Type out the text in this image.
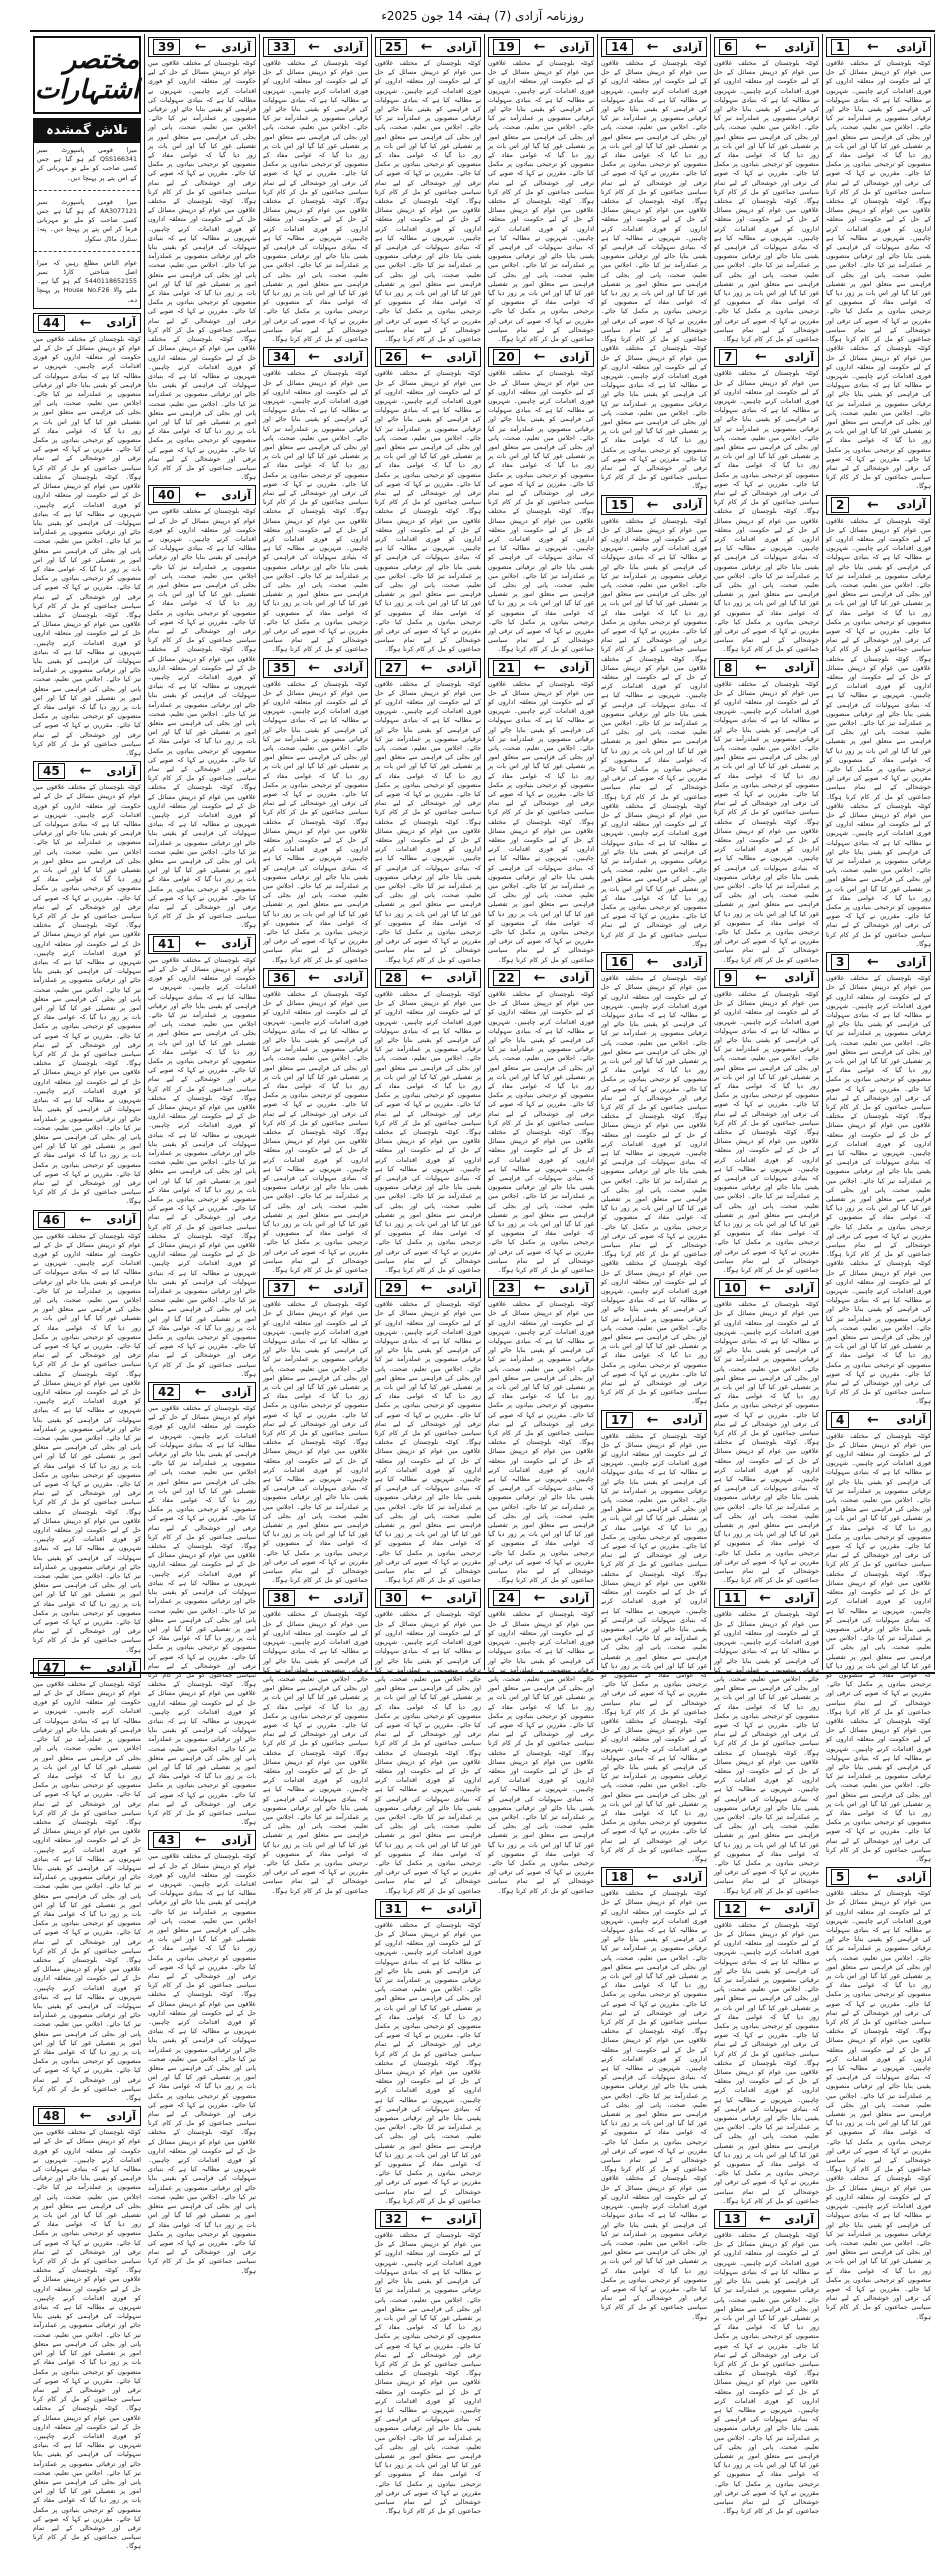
روزنامہ آزادی (7) ہفتہ 14 جون 2025ء
1	← آزادی
کوئٹہ بلوچستان کے مختلف علاقوں میں عوام کو درپیش مسائل کے حل کے لیے حکومت اور متعلقہ اداروں کو فوری اقدامات کرنے چاہییں۔ شہریوں نے مطالبہ کیا ہے کہ بنیادی سہولیات کی فراہمی کو یقینی بنایا جائے اور ترقیاتی منصوبوں پر عملدرآمد تیز کیا جائے۔ اجلاس میں تعلیم، صحت، پانی اور بجلی کی فراہمی سے متعلق امور پر تفصیلی غور کیا گیا اور اس بات پر زور دیا گیا کہ عوامی مفاد کے منصوبوں کو ترجیحی بنیادوں پر مکمل کیا جائے۔ مقررین نے کہا کہ صوبے کی ترقی اور خوشحالی کے لیے تمام سیاسی جماعتوں کو مل کر کام کرنا ہوگا۔ کوئٹہ بلوچستان کے مختلف علاقوں میں عوام کو درپیش مسائل کے حل کے لیے حکومت اور متعلقہ اداروں کو فوری اقدامات کرنے چاہییں۔ شہریوں نے مطالبہ کیا ہے کہ بنیادی سہولیات کی فراہمی کو یقینی بنایا جائے اور ترقیاتی منصوبوں پر عملدرآمد تیز کیا جائے۔ اجلاس میں تعلیم، صحت، پانی اور بجلی کی فراہمی سے متعلق امور پر تفصیلی غور کیا گیا اور اس بات پر زور دیا گیا کہ عوامی مفاد کے منصوبوں کو ترجیحی بنیادوں پر مکمل کیا جائے۔ مقررین نے کہا کہ صوبے کی ترقی اور خوشحالی کے لیے تمام سیاسی جماعتوں کو مل کر کام کرنا ہوگا۔ کوئٹہ بلوچستان کے مختلف علاقوں میں عوام کو درپیش مسائل کے حل کے لیے حکومت اور متعلقہ اداروں کو فوری اقدامات کرنے چاہییں۔ شہریوں نے مطالبہ کیا ہے کہ بنیادی سہولیات کی فراہمی کو یقینی بنایا جائے اور ترقیاتی منصوبوں پر عملدرآمد تیز کیا جائے۔ اجلاس میں تعلیم، صحت، پانی اور بجلی کی فراہمی سے متعلق امور پر تفصیلی غور کیا گیا اور اس بات پر زور دیا گیا کہ عوامی مفاد کے منصوبوں کو ترجیحی بنیادوں پر مکمل کیا جائے۔ مقررین نے کہا کہ صوبے کی ترقی اور خوشحالی کے لیے تمام سیاسی جماعتوں کو مل کر کام کرنا ہوگا۔
2	← آزادی
کوئٹہ بلوچستان کے مختلف علاقوں میں عوام کو درپیش مسائل کے حل کے لیے حکومت اور متعلقہ اداروں کو فوری اقدامات کرنے چاہییں۔ شہریوں نے مطالبہ کیا ہے کہ بنیادی سہولیات کی فراہمی کو یقینی بنایا جائے اور ترقیاتی منصوبوں پر عملدرآمد تیز کیا جائے۔ اجلاس میں تعلیم، صحت، پانی اور بجلی کی فراہمی سے متعلق امور پر تفصیلی غور کیا گیا اور اس بات پر زور دیا گیا کہ عوامی مفاد کے منصوبوں کو ترجیحی بنیادوں پر مکمل کیا جائے۔ مقررین نے کہا کہ صوبے کی ترقی اور خوشحالی کے لیے تمام سیاسی جماعتوں کو مل کر کام کرنا ہوگا۔ کوئٹہ بلوچستان کے مختلف علاقوں میں عوام کو درپیش مسائل کے حل کے لیے حکومت اور متعلقہ اداروں کو فوری اقدامات کرنے چاہییں۔ شہریوں نے مطالبہ کیا ہے کہ بنیادی سہولیات کی فراہمی کو یقینی بنایا جائے اور ترقیاتی منصوبوں پر عملدرآمد تیز کیا جائے۔ اجلاس میں تعلیم، صحت، پانی اور بجلی کی فراہمی سے متعلق امور پر تفصیلی غور کیا گیا اور اس بات پر زور دیا گیا کہ عوامی مفاد کے منصوبوں کو ترجیحی بنیادوں پر مکمل کیا جائے۔ مقررین نے کہا کہ صوبے کی ترقی اور خوشحالی کے لیے تمام سیاسی جماعتوں کو مل کر کام کرنا ہوگا۔ کوئٹہ بلوچستان کے مختلف علاقوں میں عوام کو درپیش مسائل کے حل کے لیے حکومت اور متعلقہ اداروں کو فوری اقدامات کرنے چاہییں۔ شہریوں نے مطالبہ کیا ہے کہ بنیادی سہولیات کی فراہمی کو یقینی بنایا جائے اور ترقیاتی منصوبوں پر عملدرآمد تیز کیا جائے۔ اجلاس میں تعلیم، صحت، پانی اور بجلی کی فراہمی سے متعلق امور پر تفصیلی غور کیا گیا اور اس بات پر زور دیا گیا کہ عوامی مفاد کے منصوبوں کو ترجیحی بنیادوں پر مکمل کیا جائے۔ مقررین نے کہا کہ صوبے کی ترقی اور خوشحالی کے لیے تمام سیاسی جماعتوں کو مل کر کام کرنا ہوگا۔
3	← آزادی
کوئٹہ بلوچستان کے مختلف علاقوں میں عوام کو درپیش مسائل کے حل کے لیے حکومت اور متعلقہ اداروں کو فوری اقدامات کرنے چاہییں۔ شہریوں نے مطالبہ کیا ہے کہ بنیادی سہولیات کی فراہمی کو یقینی بنایا جائے اور ترقیاتی منصوبوں پر عملدرآمد تیز کیا جائے۔ اجلاس میں تعلیم، صحت، پانی اور بجلی کی فراہمی سے متعلق امور پر تفصیلی غور کیا گیا اور اس بات پر زور دیا گیا کہ عوامی مفاد کے منصوبوں کو ترجیحی بنیادوں پر مکمل کیا جائے۔ مقررین نے کہا کہ صوبے کی ترقی اور خوشحالی کے لیے تمام سیاسی جماعتوں کو مل کر کام کرنا ہوگا۔ کوئٹہ بلوچستان کے مختلف علاقوں میں عوام کو درپیش مسائل کے حل کے لیے حکومت اور متعلقہ اداروں کو فوری اقدامات کرنے چاہییں۔ شہریوں نے مطالبہ کیا ہے کہ بنیادی سہولیات کی فراہمی کو یقینی بنایا جائے اور ترقیاتی منصوبوں پر عملدرآمد تیز کیا جائے۔ اجلاس میں تعلیم، صحت، پانی اور بجلی کی فراہمی سے متعلق امور پر تفصیلی غور کیا گیا اور اس بات پر زور دیا گیا کہ عوامی مفاد کے منصوبوں کو ترجیحی بنیادوں پر مکمل کیا جائے۔ مقررین نے کہا کہ صوبے کی ترقی اور خوشحالی کے لیے تمام سیاسی جماعتوں کو مل کر کام کرنا ہوگا۔ کوئٹہ بلوچستان کے مختلف علاقوں میں عوام کو درپیش مسائل کے حل کے لیے حکومت اور متعلقہ اداروں کو فوری اقدامات کرنے چاہییں۔ شہریوں نے مطالبہ کیا ہے کہ بنیادی سہولیات کی فراہمی کو یقینی بنایا جائے اور ترقیاتی منصوبوں پر عملدرآمد تیز کیا جائے۔ اجلاس میں تعلیم، صحت، پانی اور بجلی کی فراہمی سے متعلق امور پر تفصیلی غور کیا گیا اور اس بات پر زور دیا گیا کہ عوامی مفاد کے منصوبوں کو ترجیحی بنیادوں پر مکمل کیا جائے۔ مقررین نے کہا کہ صوبے کی ترقی اور خوشحالی کے لیے تمام سیاسی جماعتوں کو مل کر کام کرنا ہوگا۔
4	← آزادی
کوئٹہ بلوچستان کے مختلف علاقوں میں عوام کو درپیش مسائل کے حل کے لیے حکومت اور متعلقہ اداروں کو فوری اقدامات کرنے چاہییں۔ شہریوں نے مطالبہ کیا ہے کہ بنیادی سہولیات کی فراہمی کو یقینی بنایا جائے اور ترقیاتی منصوبوں پر عملدرآمد تیز کیا جائے۔ اجلاس میں تعلیم، صحت، پانی اور بجلی کی فراہمی سے متعلق امور پر تفصیلی غور کیا گیا اور اس بات پر زور دیا گیا کہ عوامی مفاد کے منصوبوں کو ترجیحی بنیادوں پر مکمل کیا جائے۔ مقررین نے کہا کہ صوبے کی ترقی اور خوشحالی کے لیے تمام سیاسی جماعتوں کو مل کر کام کرنا ہوگا۔ کوئٹہ بلوچستان کے مختلف علاقوں میں عوام کو درپیش مسائل کے حل کے لیے حکومت اور متعلقہ اداروں کو فوری اقدامات کرنے چاہییں۔ شہریوں نے مطالبہ کیا ہے کہ بنیادی سہولیات کی فراہمی کو یقینی بنایا جائے اور ترقیاتی منصوبوں پر عملدرآمد تیز کیا جائے۔ اجلاس میں تعلیم، صحت، پانی اور بجلی کی فراہمی سے متعلق امور پر تفصیلی غور کیا گیا اور اس بات پر زور دیا گیا کہ عوامی مفاد کے منصوبوں کو ترجیحی بنیادوں پر مکمل کیا جائے۔ مقررین نے کہا کہ صوبے کی ترقی اور خوشحالی کے لیے تمام سیاسی جماعتوں کو مل کر کام کرنا ہوگا۔ کوئٹہ بلوچستان کے مختلف علاقوں میں عوام کو درپیش مسائل کے حل کے لیے حکومت اور متعلقہ اداروں کو فوری اقدامات کرنے چاہییں۔ شہریوں نے مطالبہ کیا ہے کہ بنیادی سہولیات کی فراہمی کو یقینی بنایا جائے اور ترقیاتی منصوبوں پر عملدرآمد تیز کیا جائے۔ اجلاس میں تعلیم، صحت، پانی اور بجلی کی فراہمی سے متعلق امور پر تفصیلی غور کیا گیا اور اس بات پر زور دیا گیا کہ عوامی مفاد کے منصوبوں کو ترجیحی بنیادوں پر مکمل کیا جائے۔ مقررین نے کہا کہ صوبے کی ترقی اور خوشحالی کے لیے تمام سیاسی جماعتوں کو مل کر کام کرنا ہوگا۔
5	← آزادی
کوئٹہ بلوچستان کے مختلف علاقوں میں عوام کو درپیش مسائل کے حل کے لیے حکومت اور متعلقہ اداروں کو فوری اقدامات کرنے چاہییں۔ شہریوں نے مطالبہ کیا ہے کہ بنیادی سہولیات کی فراہمی کو یقینی بنایا جائے اور ترقیاتی منصوبوں پر عملدرآمد تیز کیا جائے۔ اجلاس میں تعلیم، صحت، پانی اور بجلی کی فراہمی سے متعلق امور پر تفصیلی غور کیا گیا اور اس بات پر زور دیا گیا کہ عوامی مفاد کے منصوبوں کو ترجیحی بنیادوں پر مکمل کیا جائے۔ مقررین نے کہا کہ صوبے کی ترقی اور خوشحالی کے لیے تمام سیاسی جماعتوں کو مل کر کام کرنا ہوگا۔ کوئٹہ بلوچستان کے مختلف علاقوں میں عوام کو درپیش مسائل کے حل کے لیے حکومت اور متعلقہ اداروں کو فوری اقدامات کرنے چاہییں۔ شہریوں نے مطالبہ کیا ہے کہ بنیادی سہولیات کی فراہمی کو یقینی بنایا جائے اور ترقیاتی منصوبوں پر عملدرآمد تیز کیا جائے۔ اجلاس میں تعلیم، صحت، پانی اور بجلی کی فراہمی سے متعلق امور پر تفصیلی غور کیا گیا اور اس بات پر زور دیا گیا کہ عوامی مفاد کے منصوبوں کو ترجیحی بنیادوں پر مکمل کیا جائے۔ مقررین نے کہا کہ صوبے کی ترقی اور خوشحالی کے لیے تمام سیاسی جماعتوں کو مل کر کام کرنا ہوگا۔ کوئٹہ بلوچستان کے مختلف علاقوں میں عوام کو درپیش مسائل کے حل کے لیے حکومت اور متعلقہ اداروں کو فوری اقدامات کرنے چاہییں۔ شہریوں نے مطالبہ کیا ہے کہ بنیادی سہولیات کی فراہمی کو یقینی بنایا جائے اور ترقیاتی منصوبوں پر عملدرآمد تیز کیا جائے۔ اجلاس میں تعلیم، صحت، پانی اور بجلی کی فراہمی سے متعلق امور پر تفصیلی غور کیا گیا اور اس بات پر زور دیا گیا کہ عوامی مفاد کے منصوبوں کو ترجیحی بنیادوں پر مکمل کیا جائے۔ مقررین نے کہا کہ صوبے کی ترقی اور خوشحالی کے لیے تمام سیاسی جماعتوں کو مل کر کام کرنا ہوگا۔
6	← آزادی
کوئٹہ بلوچستان کے مختلف علاقوں میں عوام کو درپیش مسائل کے حل کے لیے حکومت اور متعلقہ اداروں کو فوری اقدامات کرنے چاہییں۔ شہریوں نے مطالبہ کیا ہے کہ بنیادی سہولیات کی فراہمی کو یقینی بنایا جائے اور ترقیاتی منصوبوں پر عملدرآمد تیز کیا جائے۔ اجلاس میں تعلیم، صحت، پانی اور بجلی کی فراہمی سے متعلق امور پر تفصیلی غور کیا گیا اور اس بات پر زور دیا گیا کہ عوامی مفاد کے منصوبوں کو ترجیحی بنیادوں پر مکمل کیا جائے۔ مقررین نے کہا کہ صوبے کی ترقی اور خوشحالی کے لیے تمام سیاسی جماعتوں کو مل کر کام کرنا ہوگا۔ کوئٹہ بلوچستان کے مختلف علاقوں میں عوام کو درپیش مسائل کے حل کے لیے حکومت اور متعلقہ اداروں کو فوری اقدامات کرنے چاہییں۔ شہریوں نے مطالبہ کیا ہے کہ بنیادی سہولیات کی فراہمی کو یقینی بنایا جائے اور ترقیاتی منصوبوں پر عملدرآمد تیز کیا جائے۔ اجلاس میں تعلیم، صحت، پانی اور بجلی کی فراہمی سے متعلق امور پر تفصیلی غور کیا گیا اور اس بات پر زور دیا گیا کہ عوامی مفاد کے منصوبوں کو ترجیحی بنیادوں پر مکمل کیا جائے۔ مقررین نے کہا کہ صوبے کی ترقی اور خوشحالی کے لیے تمام سیاسی جماعتوں کو مل کر کام کرنا ہوگا۔
7	← آزادی
کوئٹہ بلوچستان کے مختلف علاقوں میں عوام کو درپیش مسائل کے حل کے لیے حکومت اور متعلقہ اداروں کو فوری اقدامات کرنے چاہییں۔ شہریوں نے مطالبہ کیا ہے کہ بنیادی سہولیات کی فراہمی کو یقینی بنایا جائے اور ترقیاتی منصوبوں پر عملدرآمد تیز کیا جائے۔ اجلاس میں تعلیم، صحت، پانی اور بجلی کی فراہمی سے متعلق امور پر تفصیلی غور کیا گیا اور اس بات پر زور دیا گیا کہ عوامی مفاد کے منصوبوں کو ترجیحی بنیادوں پر مکمل کیا جائے۔ مقررین نے کہا کہ صوبے کی ترقی اور خوشحالی کے لیے تمام سیاسی جماعتوں کو مل کر کام کرنا ہوگا۔ کوئٹہ بلوچستان کے مختلف علاقوں میں عوام کو درپیش مسائل کے حل کے لیے حکومت اور متعلقہ اداروں کو فوری اقدامات کرنے چاہییں۔ شہریوں نے مطالبہ کیا ہے کہ بنیادی سہولیات کی فراہمی کو یقینی بنایا جائے اور ترقیاتی منصوبوں پر عملدرآمد تیز کیا جائے۔ اجلاس میں تعلیم، صحت، پانی اور بجلی کی فراہمی سے متعلق امور پر تفصیلی غور کیا گیا اور اس بات پر زور دیا گیا کہ عوامی مفاد کے منصوبوں کو ترجیحی بنیادوں پر مکمل کیا جائے۔ مقررین نے کہا کہ صوبے کی ترقی اور خوشحالی کے لیے تمام سیاسی جماعتوں کو مل کر کام کرنا ہوگا۔
8	← آزادی
کوئٹہ بلوچستان کے مختلف علاقوں میں عوام کو درپیش مسائل کے حل کے لیے حکومت اور متعلقہ اداروں کو فوری اقدامات کرنے چاہییں۔ شہریوں نے مطالبہ کیا ہے کہ بنیادی سہولیات کی فراہمی کو یقینی بنایا جائے اور ترقیاتی منصوبوں پر عملدرآمد تیز کیا جائے۔ اجلاس میں تعلیم، صحت، پانی اور بجلی کی فراہمی سے متعلق امور پر تفصیلی غور کیا گیا اور اس بات پر زور دیا گیا کہ عوامی مفاد کے منصوبوں کو ترجیحی بنیادوں پر مکمل کیا جائے۔ مقررین نے کہا کہ صوبے کی ترقی اور خوشحالی کے لیے تمام سیاسی جماعتوں کو مل کر کام کرنا ہوگا۔ کوئٹہ بلوچستان کے مختلف علاقوں میں عوام کو درپیش مسائل کے حل کے لیے حکومت اور متعلقہ اداروں کو فوری اقدامات کرنے چاہییں۔ شہریوں نے مطالبہ کیا ہے کہ بنیادی سہولیات کی فراہمی کو یقینی بنایا جائے اور ترقیاتی منصوبوں پر عملدرآمد تیز کیا جائے۔ اجلاس میں تعلیم، صحت، پانی اور بجلی کی فراہمی سے متعلق امور پر تفصیلی غور کیا گیا اور اس بات پر زور دیا گیا کہ عوامی مفاد کے منصوبوں کو ترجیحی بنیادوں پر مکمل کیا جائے۔ مقررین نے کہا کہ صوبے کی ترقی اور خوشحالی کے لیے تمام سیاسی جماعتوں کو مل کر کام کرنا ہوگا۔
9	← آزادی
کوئٹہ بلوچستان کے مختلف علاقوں میں عوام کو درپیش مسائل کے حل کے لیے حکومت اور متعلقہ اداروں کو فوری اقدامات کرنے چاہییں۔ شہریوں نے مطالبہ کیا ہے کہ بنیادی سہولیات کی فراہمی کو یقینی بنایا جائے اور ترقیاتی منصوبوں پر عملدرآمد تیز کیا جائے۔ اجلاس میں تعلیم، صحت، پانی اور بجلی کی فراہمی سے متعلق امور پر تفصیلی غور کیا گیا اور اس بات پر زور دیا گیا کہ عوامی مفاد کے منصوبوں کو ترجیحی بنیادوں پر مکمل کیا جائے۔ مقررین نے کہا کہ صوبے کی ترقی اور خوشحالی کے لیے تمام سیاسی جماعتوں کو مل کر کام کرنا ہوگا۔ کوئٹہ بلوچستان کے مختلف علاقوں میں عوام کو درپیش مسائل کے حل کے لیے حکومت اور متعلقہ اداروں کو فوری اقدامات کرنے چاہییں۔ شہریوں نے مطالبہ کیا ہے کہ بنیادی سہولیات کی فراہمی کو یقینی بنایا جائے اور ترقیاتی منصوبوں پر عملدرآمد تیز کیا جائے۔ اجلاس میں تعلیم، صحت، پانی اور بجلی کی فراہمی سے متعلق امور پر تفصیلی غور کیا گیا اور اس بات پر زور دیا گیا کہ عوامی مفاد کے منصوبوں کو ترجیحی بنیادوں پر مکمل کیا جائے۔ مقررین نے کہا کہ صوبے کی ترقی اور خوشحالی کے لیے تمام سیاسی جماعتوں کو مل کر کام کرنا ہوگا۔
10	← آزادی
کوئٹہ بلوچستان کے مختلف علاقوں میں عوام کو درپیش مسائل کے حل کے لیے حکومت اور متعلقہ اداروں کو فوری اقدامات کرنے چاہییں۔ شہریوں نے مطالبہ کیا ہے کہ بنیادی سہولیات کی فراہمی کو یقینی بنایا جائے اور ترقیاتی منصوبوں پر عملدرآمد تیز کیا جائے۔ اجلاس میں تعلیم، صحت، پانی اور بجلی کی فراہمی سے متعلق امور پر تفصیلی غور کیا گیا اور اس بات پر زور دیا گیا کہ عوامی مفاد کے منصوبوں کو ترجیحی بنیادوں پر مکمل کیا جائے۔ مقررین نے کہا کہ صوبے کی ترقی اور خوشحالی کے لیے تمام سیاسی جماعتوں کو مل کر کام کرنا ہوگا۔ کوئٹہ بلوچستان کے مختلف علاقوں میں عوام کو درپیش مسائل کے حل کے لیے حکومت اور متعلقہ اداروں کو فوری اقدامات کرنے چاہییں۔ شہریوں نے مطالبہ کیا ہے کہ بنیادی سہولیات کی فراہمی کو یقینی بنایا جائے اور ترقیاتی منصوبوں پر عملدرآمد تیز کیا جائے۔ اجلاس میں تعلیم، صحت، پانی اور بجلی کی فراہمی سے متعلق امور پر تفصیلی غور کیا گیا اور اس بات پر زور دیا گیا کہ عوامی مفاد کے منصوبوں کو ترجیحی بنیادوں پر مکمل کیا جائے۔ مقررین نے کہا کہ صوبے کی ترقی اور خوشحالی کے لیے تمام سیاسی جماعتوں کو مل کر کام کرنا ہوگا۔
11	← آزادی
کوئٹہ بلوچستان کے مختلف علاقوں میں عوام کو درپیش مسائل کے حل کے لیے حکومت اور متعلقہ اداروں کو فوری اقدامات کرنے چاہییں۔ شہریوں نے مطالبہ کیا ہے کہ بنیادی سہولیات کی فراہمی کو یقینی بنایا جائے اور ترقیاتی منصوبوں پر عملدرآمد تیز کیا جائے۔ اجلاس میں تعلیم، صحت، پانی اور بجلی کی فراہمی سے متعلق امور پر تفصیلی غور کیا گیا اور اس بات پر زور دیا گیا کہ عوامی مفاد کے منصوبوں کو ترجیحی بنیادوں پر مکمل کیا جائے۔ مقررین نے کہا کہ صوبے کی ترقی اور خوشحالی کے لیے تمام سیاسی جماعتوں کو مل کر کام کرنا ہوگا۔ کوئٹہ بلوچستان کے مختلف علاقوں میں عوام کو درپیش مسائل کے حل کے لیے حکومت اور متعلقہ اداروں کو فوری اقدامات کرنے چاہییں۔ شہریوں نے مطالبہ کیا ہے کہ بنیادی سہولیات کی فراہمی کو یقینی بنایا جائے اور ترقیاتی منصوبوں پر عملدرآمد تیز کیا جائے۔ اجلاس میں تعلیم، صحت، پانی اور بجلی کی فراہمی سے متعلق امور پر تفصیلی غور کیا گیا اور اس بات پر زور دیا گیا کہ عوامی مفاد کے منصوبوں کو ترجیحی بنیادوں پر مکمل کیا جائے۔ مقررین نے کہا کہ صوبے کی ترقی اور خوشحالی کے لیے تمام سیاسی جماعتوں کو مل کر کام کرنا ہوگا۔
12	← آزادی
کوئٹہ بلوچستان کے مختلف علاقوں میں عوام کو درپیش مسائل کے حل کے لیے حکومت اور متعلقہ اداروں کو فوری اقدامات کرنے چاہییں۔ شہریوں نے مطالبہ کیا ہے کہ بنیادی سہولیات کی فراہمی کو یقینی بنایا جائے اور ترقیاتی منصوبوں پر عملدرآمد تیز کیا جائے۔ اجلاس میں تعلیم، صحت، پانی اور بجلی کی فراہمی سے متعلق امور پر تفصیلی غور کیا گیا اور اس بات پر زور دیا گیا کہ عوامی مفاد کے منصوبوں کو ترجیحی بنیادوں پر مکمل کیا جائے۔ مقررین نے کہا کہ صوبے کی ترقی اور خوشحالی کے لیے تمام سیاسی جماعتوں کو مل کر کام کرنا ہوگا۔ کوئٹہ بلوچستان کے مختلف علاقوں میں عوام کو درپیش مسائل کے حل کے لیے حکومت اور متعلقہ اداروں کو فوری اقدامات کرنے چاہییں۔ شہریوں نے مطالبہ کیا ہے کہ بنیادی سہولیات کی فراہمی کو یقینی بنایا جائے اور ترقیاتی منصوبوں پر عملدرآمد تیز کیا جائے۔ اجلاس میں تعلیم، صحت، پانی اور بجلی کی فراہمی سے متعلق امور پر تفصیلی غور کیا گیا اور اس بات پر زور دیا گیا کہ عوامی مفاد کے منصوبوں کو ترجیحی بنیادوں پر مکمل کیا جائے۔ مقررین نے کہا کہ صوبے کی ترقی اور خوشحالی کے لیے تمام سیاسی جماعتوں کو مل کر کام کرنا ہوگا۔
13	← آزادی
کوئٹہ بلوچستان کے مختلف علاقوں میں عوام کو درپیش مسائل کے حل کے لیے حکومت اور متعلقہ اداروں کو فوری اقدامات کرنے چاہییں۔ شہریوں نے مطالبہ کیا ہے کہ بنیادی سہولیات کی فراہمی کو یقینی بنایا جائے اور ترقیاتی منصوبوں پر عملدرآمد تیز کیا جائے۔ اجلاس میں تعلیم، صحت، پانی اور بجلی کی فراہمی سے متعلق امور پر تفصیلی غور کیا گیا اور اس بات پر زور دیا گیا کہ عوامی مفاد کے منصوبوں کو ترجیحی بنیادوں پر مکمل کیا جائے۔ مقررین نے کہا کہ صوبے کی ترقی اور خوشحالی کے لیے تمام سیاسی جماعتوں کو مل کر کام کرنا ہوگا۔ کوئٹہ بلوچستان کے مختلف علاقوں میں عوام کو درپیش مسائل کے حل کے لیے حکومت اور متعلقہ اداروں کو فوری اقدامات کرنے چاہییں۔ شہریوں نے مطالبہ کیا ہے کہ بنیادی سہولیات کی فراہمی کو یقینی بنایا جائے اور ترقیاتی منصوبوں پر عملدرآمد تیز کیا جائے۔ اجلاس میں تعلیم، صحت، پانی اور بجلی کی فراہمی سے متعلق امور پر تفصیلی غور کیا گیا اور اس بات پر زور دیا گیا کہ عوامی مفاد کے منصوبوں کو ترجیحی بنیادوں پر مکمل کیا جائے۔ مقررین نے کہا کہ صوبے کی ترقی اور خوشحالی کے لیے تمام سیاسی جماعتوں کو مل کر کام کرنا ہوگا۔
14	← آزادی
کوئٹہ بلوچستان کے مختلف علاقوں میں عوام کو درپیش مسائل کے حل کے لیے حکومت اور متعلقہ اداروں کو فوری اقدامات کرنے چاہییں۔ شہریوں نے مطالبہ کیا ہے کہ بنیادی سہولیات کی فراہمی کو یقینی بنایا جائے اور ترقیاتی منصوبوں پر عملدرآمد تیز کیا جائے۔ اجلاس میں تعلیم، صحت، پانی اور بجلی کی فراہمی سے متعلق امور پر تفصیلی غور کیا گیا اور اس بات پر زور دیا گیا کہ عوامی مفاد کے منصوبوں کو ترجیحی بنیادوں پر مکمل کیا جائے۔ مقررین نے کہا کہ صوبے کی ترقی اور خوشحالی کے لیے تمام سیاسی جماعتوں کو مل کر کام کرنا ہوگا۔ کوئٹہ بلوچستان کے مختلف علاقوں میں عوام کو درپیش مسائل کے حل کے لیے حکومت اور متعلقہ اداروں کو فوری اقدامات کرنے چاہییں۔ شہریوں نے مطالبہ کیا ہے کہ بنیادی سہولیات کی فراہمی کو یقینی بنایا جائے اور ترقیاتی منصوبوں پر عملدرآمد تیز کیا جائے۔ اجلاس میں تعلیم، صحت، پانی اور بجلی کی فراہمی سے متعلق امور پر تفصیلی غور کیا گیا اور اس بات پر زور دیا گیا کہ عوامی مفاد کے منصوبوں کو ترجیحی بنیادوں پر مکمل کیا جائے۔ مقررین نے کہا کہ صوبے کی ترقی اور خوشحالی کے لیے تمام سیاسی جماعتوں کو مل کر کام کرنا ہوگا۔ کوئٹہ بلوچستان کے مختلف علاقوں میں عوام کو درپیش مسائل کے حل کے لیے حکومت اور متعلقہ اداروں کو فوری اقدامات کرنے چاہییں۔ شہریوں نے مطالبہ کیا ہے کہ بنیادی سہولیات کی فراہمی کو یقینی بنایا جائے اور ترقیاتی منصوبوں پر عملدرآمد تیز کیا جائے۔ اجلاس میں تعلیم، صحت، پانی اور بجلی کی فراہمی سے متعلق امور پر تفصیلی غور کیا گیا اور اس بات پر زور دیا گیا کہ عوامی مفاد کے منصوبوں کو ترجیحی بنیادوں پر مکمل کیا جائے۔ مقررین نے کہا کہ صوبے کی ترقی اور خوشحالی کے لیے تمام سیاسی جماعتوں کو مل کر کام کرنا ہوگا۔
15	← آزادی
کوئٹہ بلوچستان کے مختلف علاقوں میں عوام کو درپیش مسائل کے حل کے لیے حکومت اور متعلقہ اداروں کو فوری اقدامات کرنے چاہییں۔ شہریوں نے مطالبہ کیا ہے کہ بنیادی سہولیات کی فراہمی کو یقینی بنایا جائے اور ترقیاتی منصوبوں پر عملدرآمد تیز کیا جائے۔ اجلاس میں تعلیم، صحت، پانی اور بجلی کی فراہمی سے متعلق امور پر تفصیلی غور کیا گیا اور اس بات پر زور دیا گیا کہ عوامی مفاد کے منصوبوں کو ترجیحی بنیادوں پر مکمل کیا جائے۔ مقررین نے کہا کہ صوبے کی ترقی اور خوشحالی کے لیے تمام سیاسی جماعتوں کو مل کر کام کرنا ہوگا۔ کوئٹہ بلوچستان کے مختلف علاقوں میں عوام کو درپیش مسائل کے حل کے لیے حکومت اور متعلقہ اداروں کو فوری اقدامات کرنے چاہییں۔ شہریوں نے مطالبہ کیا ہے کہ بنیادی سہولیات کی فراہمی کو یقینی بنایا جائے اور ترقیاتی منصوبوں پر عملدرآمد تیز کیا جائے۔ اجلاس میں تعلیم، صحت، پانی اور بجلی کی فراہمی سے متعلق امور پر تفصیلی غور کیا گیا اور اس بات پر زور دیا گیا کہ عوامی مفاد کے منصوبوں کو ترجیحی بنیادوں پر مکمل کیا جائے۔ مقررین نے کہا کہ صوبے کی ترقی اور خوشحالی کے لیے تمام سیاسی جماعتوں کو مل کر کام کرنا ہوگا۔ کوئٹہ بلوچستان کے مختلف علاقوں میں عوام کو درپیش مسائل کے حل کے لیے حکومت اور متعلقہ اداروں کو فوری اقدامات کرنے چاہییں۔ شہریوں نے مطالبہ کیا ہے کہ بنیادی سہولیات کی فراہمی کو یقینی بنایا جائے اور ترقیاتی منصوبوں پر عملدرآمد تیز کیا جائے۔ اجلاس میں تعلیم، صحت، پانی اور بجلی کی فراہمی سے متعلق امور پر تفصیلی غور کیا گیا اور اس بات پر زور دیا گیا کہ عوامی مفاد کے منصوبوں کو ترجیحی بنیادوں پر مکمل کیا جائے۔ مقررین نے کہا کہ صوبے کی ترقی اور خوشحالی کے لیے تمام سیاسی جماعتوں کو مل کر کام کرنا ہوگا۔
16	← آزادی
کوئٹہ بلوچستان کے مختلف علاقوں میں عوام کو درپیش مسائل کے حل کے لیے حکومت اور متعلقہ اداروں کو فوری اقدامات کرنے چاہییں۔ شہریوں نے مطالبہ کیا ہے کہ بنیادی سہولیات کی فراہمی کو یقینی بنایا جائے اور ترقیاتی منصوبوں پر عملدرآمد تیز کیا جائے۔ اجلاس میں تعلیم، صحت، پانی اور بجلی کی فراہمی سے متعلق امور پر تفصیلی غور کیا گیا اور اس بات پر زور دیا گیا کہ عوامی مفاد کے منصوبوں کو ترجیحی بنیادوں پر مکمل کیا جائے۔ مقررین نے کہا کہ صوبے کی ترقی اور خوشحالی کے لیے تمام سیاسی جماعتوں کو مل کر کام کرنا ہوگا۔ کوئٹہ بلوچستان کے مختلف علاقوں میں عوام کو درپیش مسائل کے حل کے لیے حکومت اور متعلقہ اداروں کو فوری اقدامات کرنے چاہییں۔ شہریوں نے مطالبہ کیا ہے کہ بنیادی سہولیات کی فراہمی کو یقینی بنایا جائے اور ترقیاتی منصوبوں پر عملدرآمد تیز کیا جائے۔ اجلاس میں تعلیم، صحت، پانی اور بجلی کی فراہمی سے متعلق امور پر تفصیلی غور کیا گیا اور اس بات پر زور دیا گیا کہ عوامی مفاد کے منصوبوں کو ترجیحی بنیادوں پر مکمل کیا جائے۔ مقررین نے کہا کہ صوبے کی ترقی اور خوشحالی کے لیے تمام سیاسی جماعتوں کو مل کر کام کرنا ہوگا۔ کوئٹہ بلوچستان کے مختلف علاقوں میں عوام کو درپیش مسائل کے حل کے لیے حکومت اور متعلقہ اداروں کو فوری اقدامات کرنے چاہییں۔ شہریوں نے مطالبہ کیا ہے کہ بنیادی سہولیات کی فراہمی کو یقینی بنایا جائے اور ترقیاتی منصوبوں پر عملدرآمد تیز کیا جائے۔ اجلاس میں تعلیم، صحت، پانی اور بجلی کی فراہمی سے متعلق امور پر تفصیلی غور کیا گیا اور اس بات پر زور دیا گیا کہ عوامی مفاد کے منصوبوں کو ترجیحی بنیادوں پر مکمل کیا جائے۔ مقررین نے کہا کہ صوبے کی ترقی اور خوشحالی کے لیے تمام سیاسی جماعتوں کو مل کر کام کرنا ہوگا۔
17	← آزادی
کوئٹہ بلوچستان کے مختلف علاقوں میں عوام کو درپیش مسائل کے حل کے لیے حکومت اور متعلقہ اداروں کو فوری اقدامات کرنے چاہییں۔ شہریوں نے مطالبہ کیا ہے کہ بنیادی سہولیات کی فراہمی کو یقینی بنایا جائے اور ترقیاتی منصوبوں پر عملدرآمد تیز کیا جائے۔ اجلاس میں تعلیم، صحت، پانی اور بجلی کی فراہمی سے متعلق امور پر تفصیلی غور کیا گیا اور اس بات پر زور دیا گیا کہ عوامی مفاد کے منصوبوں کو ترجیحی بنیادوں پر مکمل کیا جائے۔ مقررین نے کہا کہ صوبے کی ترقی اور خوشحالی کے لیے تمام سیاسی جماعتوں کو مل کر کام کرنا ہوگا۔ کوئٹہ بلوچستان کے مختلف علاقوں میں عوام کو درپیش مسائل کے حل کے لیے حکومت اور متعلقہ اداروں کو فوری اقدامات کرنے چاہییں۔ شہریوں نے مطالبہ کیا ہے کہ بنیادی سہولیات کی فراہمی کو یقینی بنایا جائے اور ترقیاتی منصوبوں پر عملدرآمد تیز کیا جائے۔ اجلاس میں تعلیم، صحت، پانی اور بجلی کی فراہمی سے متعلق امور پر تفصیلی غور کیا گیا اور اس بات پر زور دیا گیا کہ عوامی مفاد کے منصوبوں کو ترجیحی بنیادوں پر مکمل کیا جائے۔ مقررین نے کہا کہ صوبے کی ترقی اور خوشحالی کے لیے تمام سیاسی جماعتوں کو مل کر کام کرنا ہوگا۔ کوئٹہ بلوچستان کے مختلف علاقوں میں عوام کو درپیش مسائل کے حل کے لیے حکومت اور متعلقہ اداروں کو فوری اقدامات کرنے چاہییں۔ شہریوں نے مطالبہ کیا ہے کہ بنیادی سہولیات کی فراہمی کو یقینی بنایا جائے اور ترقیاتی منصوبوں پر عملدرآمد تیز کیا جائے۔ اجلاس میں تعلیم، صحت، پانی اور بجلی کی فراہمی سے متعلق امور پر تفصیلی غور کیا گیا اور اس بات پر زور دیا گیا کہ عوامی مفاد کے منصوبوں کو ترجیحی بنیادوں پر مکمل کیا جائے۔ مقررین نے کہا کہ صوبے کی ترقی اور خوشحالی کے لیے تمام سیاسی جماعتوں کو مل کر کام کرنا ہوگا۔
18	← آزادی
کوئٹہ بلوچستان کے مختلف علاقوں میں عوام کو درپیش مسائل کے حل کے لیے حکومت اور متعلقہ اداروں کو فوری اقدامات کرنے چاہییں۔ شہریوں نے مطالبہ کیا ہے کہ بنیادی سہولیات کی فراہمی کو یقینی بنایا جائے اور ترقیاتی منصوبوں پر عملدرآمد تیز کیا جائے۔ اجلاس میں تعلیم، صحت، پانی اور بجلی کی فراہمی سے متعلق امور پر تفصیلی غور کیا گیا اور اس بات پر زور دیا گیا کہ عوامی مفاد کے منصوبوں کو ترجیحی بنیادوں پر مکمل کیا جائے۔ مقررین نے کہا کہ صوبے کی ترقی اور خوشحالی کے لیے تمام سیاسی جماعتوں کو مل کر کام کرنا ہوگا۔ کوئٹہ بلوچستان کے مختلف علاقوں میں عوام کو درپیش مسائل کے حل کے لیے حکومت اور متعلقہ اداروں کو فوری اقدامات کرنے چاہییں۔ شہریوں نے مطالبہ کیا ہے کہ بنیادی سہولیات کی فراہمی کو یقینی بنایا جائے اور ترقیاتی منصوبوں پر عملدرآمد تیز کیا جائے۔ اجلاس میں تعلیم، صحت، پانی اور بجلی کی فراہمی سے متعلق امور پر تفصیلی غور کیا گیا اور اس بات پر زور دیا گیا کہ عوامی مفاد کے منصوبوں کو ترجیحی بنیادوں پر مکمل کیا جائے۔ مقررین نے کہا کہ صوبے کی ترقی اور خوشحالی کے لیے تمام سیاسی جماعتوں کو مل کر کام کرنا ہوگا۔ کوئٹہ بلوچستان کے مختلف علاقوں میں عوام کو درپیش مسائل کے حل کے لیے حکومت اور متعلقہ اداروں کو فوری اقدامات کرنے چاہییں۔ شہریوں نے مطالبہ کیا ہے کہ بنیادی سہولیات کی فراہمی کو یقینی بنایا جائے اور ترقیاتی منصوبوں پر عملدرآمد تیز کیا جائے۔ اجلاس میں تعلیم، صحت، پانی اور بجلی کی فراہمی سے متعلق امور پر تفصیلی غور کیا گیا اور اس بات پر زور دیا گیا کہ عوامی مفاد کے منصوبوں کو ترجیحی بنیادوں پر مکمل کیا جائے۔ مقررین نے کہا کہ صوبے کی ترقی اور خوشحالی کے لیے تمام سیاسی جماعتوں کو مل کر کام کرنا ہوگا۔
19	← آزادی
کوئٹہ بلوچستان کے مختلف علاقوں میں عوام کو درپیش مسائل کے حل کے لیے حکومت اور متعلقہ اداروں کو فوری اقدامات کرنے چاہییں۔ شہریوں نے مطالبہ کیا ہے کہ بنیادی سہولیات کی فراہمی کو یقینی بنایا جائے اور ترقیاتی منصوبوں پر عملدرآمد تیز کیا جائے۔ اجلاس میں تعلیم، صحت، پانی اور بجلی کی فراہمی سے متعلق امور پر تفصیلی غور کیا گیا اور اس بات پر زور دیا گیا کہ عوامی مفاد کے منصوبوں کو ترجیحی بنیادوں پر مکمل کیا جائے۔ مقررین نے کہا کہ صوبے کی ترقی اور خوشحالی کے لیے تمام سیاسی جماعتوں کو مل کر کام کرنا ہوگا۔ کوئٹہ بلوچستان کے مختلف علاقوں میں عوام کو درپیش مسائل کے حل کے لیے حکومت اور متعلقہ اداروں کو فوری اقدامات کرنے چاہییں۔ شہریوں نے مطالبہ کیا ہے کہ بنیادی سہولیات کی فراہمی کو یقینی بنایا جائے اور ترقیاتی منصوبوں پر عملدرآمد تیز کیا جائے۔ اجلاس میں تعلیم، صحت، پانی اور بجلی کی فراہمی سے متعلق امور پر تفصیلی غور کیا گیا اور اس بات پر زور دیا گیا کہ عوامی مفاد کے منصوبوں کو ترجیحی بنیادوں پر مکمل کیا جائے۔ مقررین نے کہا کہ صوبے کی ترقی اور خوشحالی کے لیے تمام سیاسی جماعتوں کو مل کر کام کرنا ہوگا۔
20	← آزادی
کوئٹہ بلوچستان کے مختلف علاقوں میں عوام کو درپیش مسائل کے حل کے لیے حکومت اور متعلقہ اداروں کو فوری اقدامات کرنے چاہییں۔ شہریوں نے مطالبہ کیا ہے کہ بنیادی سہولیات کی فراہمی کو یقینی بنایا جائے اور ترقیاتی منصوبوں پر عملدرآمد تیز کیا جائے۔ اجلاس میں تعلیم، صحت، پانی اور بجلی کی فراہمی سے متعلق امور پر تفصیلی غور کیا گیا اور اس بات پر زور دیا گیا کہ عوامی مفاد کے منصوبوں کو ترجیحی بنیادوں پر مکمل کیا جائے۔ مقررین نے کہا کہ صوبے کی ترقی اور خوشحالی کے لیے تمام سیاسی جماعتوں کو مل کر کام کرنا ہوگا۔ کوئٹہ بلوچستان کے مختلف علاقوں میں عوام کو درپیش مسائل کے حل کے لیے حکومت اور متعلقہ اداروں کو فوری اقدامات کرنے چاہییں۔ شہریوں نے مطالبہ کیا ہے کہ بنیادی سہولیات کی فراہمی کو یقینی بنایا جائے اور ترقیاتی منصوبوں پر عملدرآمد تیز کیا جائے۔ اجلاس میں تعلیم، صحت، پانی اور بجلی کی فراہمی سے متعلق امور پر تفصیلی غور کیا گیا اور اس بات پر زور دیا گیا کہ عوامی مفاد کے منصوبوں کو ترجیحی بنیادوں پر مکمل کیا جائے۔ مقررین نے کہا کہ صوبے کی ترقی اور خوشحالی کے لیے تمام سیاسی جماعتوں کو مل کر کام کرنا ہوگا۔
21	← آزادی
کوئٹہ بلوچستان کے مختلف علاقوں میں عوام کو درپیش مسائل کے حل کے لیے حکومت اور متعلقہ اداروں کو فوری اقدامات کرنے چاہییں۔ شہریوں نے مطالبہ کیا ہے کہ بنیادی سہولیات کی فراہمی کو یقینی بنایا جائے اور ترقیاتی منصوبوں پر عملدرآمد تیز کیا جائے۔ اجلاس میں تعلیم، صحت، پانی اور بجلی کی فراہمی سے متعلق امور پر تفصیلی غور کیا گیا اور اس بات پر زور دیا گیا کہ عوامی مفاد کے منصوبوں کو ترجیحی بنیادوں پر مکمل کیا جائے۔ مقررین نے کہا کہ صوبے کی ترقی اور خوشحالی کے لیے تمام سیاسی جماعتوں کو مل کر کام کرنا ہوگا۔ کوئٹہ بلوچستان کے مختلف علاقوں میں عوام کو درپیش مسائل کے حل کے لیے حکومت اور متعلقہ اداروں کو فوری اقدامات کرنے چاہییں۔ شہریوں نے مطالبہ کیا ہے کہ بنیادی سہولیات کی فراہمی کو یقینی بنایا جائے اور ترقیاتی منصوبوں پر عملدرآمد تیز کیا جائے۔ اجلاس میں تعلیم، صحت، پانی اور بجلی کی فراہمی سے متعلق امور پر تفصیلی غور کیا گیا اور اس بات پر زور دیا گیا کہ عوامی مفاد کے منصوبوں کو ترجیحی بنیادوں پر مکمل کیا جائے۔ مقررین نے کہا کہ صوبے کی ترقی اور خوشحالی کے لیے تمام سیاسی جماعتوں کو مل کر کام کرنا ہوگا۔
22	← آزادی
کوئٹہ بلوچستان کے مختلف علاقوں میں عوام کو درپیش مسائل کے حل کے لیے حکومت اور متعلقہ اداروں کو فوری اقدامات کرنے چاہییں۔ شہریوں نے مطالبہ کیا ہے کہ بنیادی سہولیات کی فراہمی کو یقینی بنایا جائے اور ترقیاتی منصوبوں پر عملدرآمد تیز کیا جائے۔ اجلاس میں تعلیم، صحت، پانی اور بجلی کی فراہمی سے متعلق امور پر تفصیلی غور کیا گیا اور اس بات پر زور دیا گیا کہ عوامی مفاد کے منصوبوں کو ترجیحی بنیادوں پر مکمل کیا جائے۔ مقررین نے کہا کہ صوبے کی ترقی اور خوشحالی کے لیے تمام سیاسی جماعتوں کو مل کر کام کرنا ہوگا۔ کوئٹہ بلوچستان کے مختلف علاقوں میں عوام کو درپیش مسائل کے حل کے لیے حکومت اور متعلقہ اداروں کو فوری اقدامات کرنے چاہییں۔ شہریوں نے مطالبہ کیا ہے کہ بنیادی سہولیات کی فراہمی کو یقینی بنایا جائے اور ترقیاتی منصوبوں پر عملدرآمد تیز کیا جائے۔ اجلاس میں تعلیم، صحت، پانی اور بجلی کی فراہمی سے متعلق امور پر تفصیلی غور کیا گیا اور اس بات پر زور دیا گیا کہ عوامی مفاد کے منصوبوں کو ترجیحی بنیادوں پر مکمل کیا جائے۔ مقررین نے کہا کہ صوبے کی ترقی اور خوشحالی کے لیے تمام سیاسی جماعتوں کو مل کر کام کرنا ہوگا۔
23	← آزادی
کوئٹہ بلوچستان کے مختلف علاقوں میں عوام کو درپیش مسائل کے حل کے لیے حکومت اور متعلقہ اداروں کو فوری اقدامات کرنے چاہییں۔ شہریوں نے مطالبہ کیا ہے کہ بنیادی سہولیات کی فراہمی کو یقینی بنایا جائے اور ترقیاتی منصوبوں پر عملدرآمد تیز کیا جائے۔ اجلاس میں تعلیم، صحت، پانی اور بجلی کی فراہمی سے متعلق امور پر تفصیلی غور کیا گیا اور اس بات پر زور دیا گیا کہ عوامی مفاد کے منصوبوں کو ترجیحی بنیادوں پر مکمل کیا جائے۔ مقررین نے کہا کہ صوبے کی ترقی اور خوشحالی کے لیے تمام سیاسی جماعتوں کو مل کر کام کرنا ہوگا۔ کوئٹہ بلوچستان کے مختلف علاقوں میں عوام کو درپیش مسائل کے حل کے لیے حکومت اور متعلقہ اداروں کو فوری اقدامات کرنے چاہییں۔ شہریوں نے مطالبہ کیا ہے کہ بنیادی سہولیات کی فراہمی کو یقینی بنایا جائے اور ترقیاتی منصوبوں پر عملدرآمد تیز کیا جائے۔ اجلاس میں تعلیم، صحت، پانی اور بجلی کی فراہمی سے متعلق امور پر تفصیلی غور کیا گیا اور اس بات پر زور دیا گیا کہ عوامی مفاد کے منصوبوں کو ترجیحی بنیادوں پر مکمل کیا جائے۔ مقررین نے کہا کہ صوبے کی ترقی اور خوشحالی کے لیے تمام سیاسی جماعتوں کو مل کر کام کرنا ہوگا۔
24	← آزادی
کوئٹہ بلوچستان کے مختلف علاقوں میں عوام کو درپیش مسائل کے حل کے لیے حکومت اور متعلقہ اداروں کو فوری اقدامات کرنے چاہییں۔ شہریوں نے مطالبہ کیا ہے کہ بنیادی سہولیات کی فراہمی کو یقینی بنایا جائے اور ترقیاتی منصوبوں پر عملدرآمد تیز کیا جائے۔ اجلاس میں تعلیم، صحت، پانی اور بجلی کی فراہمی سے متعلق امور پر تفصیلی غور کیا گیا اور اس بات پر زور دیا گیا کہ عوامی مفاد کے منصوبوں کو ترجیحی بنیادوں پر مکمل کیا جائے۔ مقررین نے کہا کہ صوبے کی ترقی اور خوشحالی کے لیے تمام سیاسی جماعتوں کو مل کر کام کرنا ہوگا۔ کوئٹہ بلوچستان کے مختلف علاقوں میں عوام کو درپیش مسائل کے حل کے لیے حکومت اور متعلقہ اداروں کو فوری اقدامات کرنے چاہییں۔ شہریوں نے مطالبہ کیا ہے کہ بنیادی سہولیات کی فراہمی کو یقینی بنایا جائے اور ترقیاتی منصوبوں پر عملدرآمد تیز کیا جائے۔ اجلاس میں تعلیم، صحت، پانی اور بجلی کی فراہمی سے متعلق امور پر تفصیلی غور کیا گیا اور اس بات پر زور دیا گیا کہ عوامی مفاد کے منصوبوں کو ترجیحی بنیادوں پر مکمل کیا جائے۔ مقررین نے کہا کہ صوبے کی ترقی اور خوشحالی کے لیے تمام سیاسی جماعتوں کو مل کر کام کرنا ہوگا۔
25	← آزادی
کوئٹہ بلوچستان کے مختلف علاقوں میں عوام کو درپیش مسائل کے حل کے لیے حکومت اور متعلقہ اداروں کو فوری اقدامات کرنے چاہییں۔ شہریوں نے مطالبہ کیا ہے کہ بنیادی سہولیات کی فراہمی کو یقینی بنایا جائے اور ترقیاتی منصوبوں پر عملدرآمد تیز کیا جائے۔ اجلاس میں تعلیم، صحت، پانی اور بجلی کی فراہمی سے متعلق امور پر تفصیلی غور کیا گیا اور اس بات پر زور دیا گیا کہ عوامی مفاد کے منصوبوں کو ترجیحی بنیادوں پر مکمل کیا جائے۔ مقررین نے کہا کہ صوبے کی ترقی اور خوشحالی کے لیے تمام سیاسی جماعتوں کو مل کر کام کرنا ہوگا۔ کوئٹہ بلوچستان کے مختلف علاقوں میں عوام کو درپیش مسائل کے حل کے لیے حکومت اور متعلقہ اداروں کو فوری اقدامات کرنے چاہییں۔ شہریوں نے مطالبہ کیا ہے کہ بنیادی سہولیات کی فراہمی کو یقینی بنایا جائے اور ترقیاتی منصوبوں پر عملدرآمد تیز کیا جائے۔ اجلاس میں تعلیم، صحت، پانی اور بجلی کی فراہمی سے متعلق امور پر تفصیلی غور کیا گیا اور اس بات پر زور دیا گیا کہ عوامی مفاد کے منصوبوں کو ترجیحی بنیادوں پر مکمل کیا جائے۔ مقررین نے کہا کہ صوبے کی ترقی اور خوشحالی کے لیے تمام سیاسی جماعتوں کو مل کر کام کرنا ہوگا۔
26	← آزادی
کوئٹہ بلوچستان کے مختلف علاقوں میں عوام کو درپیش مسائل کے حل کے لیے حکومت اور متعلقہ اداروں کو فوری اقدامات کرنے چاہییں۔ شہریوں نے مطالبہ کیا ہے کہ بنیادی سہولیات کی فراہمی کو یقینی بنایا جائے اور ترقیاتی منصوبوں پر عملدرآمد تیز کیا جائے۔ اجلاس میں تعلیم، صحت، پانی اور بجلی کی فراہمی سے متعلق امور پر تفصیلی غور کیا گیا اور اس بات پر زور دیا گیا کہ عوامی مفاد کے منصوبوں کو ترجیحی بنیادوں پر مکمل کیا جائے۔ مقررین نے کہا کہ صوبے کی ترقی اور خوشحالی کے لیے تمام سیاسی جماعتوں کو مل کر کام کرنا ہوگا۔ کوئٹہ بلوچستان کے مختلف علاقوں میں عوام کو درپیش مسائل کے حل کے لیے حکومت اور متعلقہ اداروں کو فوری اقدامات کرنے چاہییں۔ شہریوں نے مطالبہ کیا ہے کہ بنیادی سہولیات کی فراہمی کو یقینی بنایا جائے اور ترقیاتی منصوبوں پر عملدرآمد تیز کیا جائے۔ اجلاس میں تعلیم، صحت، پانی اور بجلی کی فراہمی سے متعلق امور پر تفصیلی غور کیا گیا اور اس بات پر زور دیا گیا کہ عوامی مفاد کے منصوبوں کو ترجیحی بنیادوں پر مکمل کیا جائے۔ مقررین نے کہا کہ صوبے کی ترقی اور خوشحالی کے لیے تمام سیاسی جماعتوں کو مل کر کام کرنا ہوگا۔
27	← آزادی
کوئٹہ بلوچستان کے مختلف علاقوں میں عوام کو درپیش مسائل کے حل کے لیے حکومت اور متعلقہ اداروں کو فوری اقدامات کرنے چاہییں۔ شہریوں نے مطالبہ کیا ہے کہ بنیادی سہولیات کی فراہمی کو یقینی بنایا جائے اور ترقیاتی منصوبوں پر عملدرآمد تیز کیا جائے۔ اجلاس میں تعلیم، صحت، پانی اور بجلی کی فراہمی سے متعلق امور پر تفصیلی غور کیا گیا اور اس بات پر زور دیا گیا کہ عوامی مفاد کے منصوبوں کو ترجیحی بنیادوں پر مکمل کیا جائے۔ مقررین نے کہا کہ صوبے کی ترقی اور خوشحالی کے لیے تمام سیاسی جماعتوں کو مل کر کام کرنا ہوگا۔ کوئٹہ بلوچستان کے مختلف علاقوں میں عوام کو درپیش مسائل کے حل کے لیے حکومت اور متعلقہ اداروں کو فوری اقدامات کرنے چاہییں۔ شہریوں نے مطالبہ کیا ہے کہ بنیادی سہولیات کی فراہمی کو یقینی بنایا جائے اور ترقیاتی منصوبوں پر عملدرآمد تیز کیا جائے۔ اجلاس میں تعلیم، صحت، پانی اور بجلی کی فراہمی سے متعلق امور پر تفصیلی غور کیا گیا اور اس بات پر زور دیا گیا کہ عوامی مفاد کے منصوبوں کو ترجیحی بنیادوں پر مکمل کیا جائے۔ مقررین نے کہا کہ صوبے کی ترقی اور خوشحالی کے لیے تمام سیاسی جماعتوں کو مل کر کام کرنا ہوگا۔
28	← آزادی
کوئٹہ بلوچستان کے مختلف علاقوں میں عوام کو درپیش مسائل کے حل کے لیے حکومت اور متعلقہ اداروں کو فوری اقدامات کرنے چاہییں۔ شہریوں نے مطالبہ کیا ہے کہ بنیادی سہولیات کی فراہمی کو یقینی بنایا جائے اور ترقیاتی منصوبوں پر عملدرآمد تیز کیا جائے۔ اجلاس میں تعلیم، صحت، پانی اور بجلی کی فراہمی سے متعلق امور پر تفصیلی غور کیا گیا اور اس بات پر زور دیا گیا کہ عوامی مفاد کے منصوبوں کو ترجیحی بنیادوں پر مکمل کیا جائے۔ مقررین نے کہا کہ صوبے کی ترقی اور خوشحالی کے لیے تمام سیاسی جماعتوں کو مل کر کام کرنا ہوگا۔ کوئٹہ بلوچستان کے مختلف علاقوں میں عوام کو درپیش مسائل کے حل کے لیے حکومت اور متعلقہ اداروں کو فوری اقدامات کرنے چاہییں۔ شہریوں نے مطالبہ کیا ہے کہ بنیادی سہولیات کی فراہمی کو یقینی بنایا جائے اور ترقیاتی منصوبوں پر عملدرآمد تیز کیا جائے۔ اجلاس میں تعلیم، صحت، پانی اور بجلی کی فراہمی سے متعلق امور پر تفصیلی غور کیا گیا اور اس بات پر زور دیا گیا کہ عوامی مفاد کے منصوبوں کو ترجیحی بنیادوں پر مکمل کیا جائے۔ مقررین نے کہا کہ صوبے کی ترقی اور خوشحالی کے لیے تمام سیاسی جماعتوں کو مل کر کام کرنا ہوگا۔
29	← آزادی
کوئٹہ بلوچستان کے مختلف علاقوں میں عوام کو درپیش مسائل کے حل کے لیے حکومت اور متعلقہ اداروں کو فوری اقدامات کرنے چاہییں۔ شہریوں نے مطالبہ کیا ہے کہ بنیادی سہولیات کی فراہمی کو یقینی بنایا جائے اور ترقیاتی منصوبوں پر عملدرآمد تیز کیا جائے۔ اجلاس میں تعلیم، صحت، پانی اور بجلی کی فراہمی سے متعلق امور پر تفصیلی غور کیا گیا اور اس بات پر زور دیا گیا کہ عوامی مفاد کے منصوبوں کو ترجیحی بنیادوں پر مکمل کیا جائے۔ مقررین نے کہا کہ صوبے کی ترقی اور خوشحالی کے لیے تمام سیاسی جماعتوں کو مل کر کام کرنا ہوگا۔ کوئٹہ بلوچستان کے مختلف علاقوں میں عوام کو درپیش مسائل کے حل کے لیے حکومت اور متعلقہ اداروں کو فوری اقدامات کرنے چاہییں۔ شہریوں نے مطالبہ کیا ہے کہ بنیادی سہولیات کی فراہمی کو یقینی بنایا جائے اور ترقیاتی منصوبوں پر عملدرآمد تیز کیا جائے۔ اجلاس میں تعلیم، صحت، پانی اور بجلی کی فراہمی سے متعلق امور پر تفصیلی غور کیا گیا اور اس بات پر زور دیا گیا کہ عوامی مفاد کے منصوبوں کو ترجیحی بنیادوں پر مکمل کیا جائے۔ مقررین نے کہا کہ صوبے کی ترقی اور خوشحالی کے لیے تمام سیاسی جماعتوں کو مل کر کام کرنا ہوگا۔
30	← آزادی
کوئٹہ بلوچستان کے مختلف علاقوں میں عوام کو درپیش مسائل کے حل کے لیے حکومت اور متعلقہ اداروں کو فوری اقدامات کرنے چاہییں۔ شہریوں نے مطالبہ کیا ہے کہ بنیادی سہولیات کی فراہمی کو یقینی بنایا جائے اور ترقیاتی منصوبوں پر عملدرآمد تیز کیا جائے۔ اجلاس میں تعلیم، صحت، پانی اور بجلی کی فراہمی سے متعلق امور پر تفصیلی غور کیا گیا اور اس بات پر زور دیا گیا کہ عوامی مفاد کے منصوبوں کو ترجیحی بنیادوں پر مکمل کیا جائے۔ مقررین نے کہا کہ صوبے کی ترقی اور خوشحالی کے لیے تمام سیاسی جماعتوں کو مل کر کام کرنا ہوگا۔ کوئٹہ بلوچستان کے مختلف علاقوں میں عوام کو درپیش مسائل کے حل کے لیے حکومت اور متعلقہ اداروں کو فوری اقدامات کرنے چاہییں۔ شہریوں نے مطالبہ کیا ہے کہ بنیادی سہولیات کی فراہمی کو یقینی بنایا جائے اور ترقیاتی منصوبوں پر عملدرآمد تیز کیا جائے۔ اجلاس میں تعلیم، صحت، پانی اور بجلی کی فراہمی سے متعلق امور پر تفصیلی غور کیا گیا اور اس بات پر زور دیا گیا کہ عوامی مفاد کے منصوبوں کو ترجیحی بنیادوں پر مکمل کیا جائے۔ مقررین نے کہا کہ صوبے کی ترقی اور خوشحالی کے لیے تمام سیاسی جماعتوں کو مل کر کام کرنا ہوگا۔
31	← آزادی
کوئٹہ بلوچستان کے مختلف علاقوں میں عوام کو درپیش مسائل کے حل کے لیے حکومت اور متعلقہ اداروں کو فوری اقدامات کرنے چاہییں۔ شہریوں نے مطالبہ کیا ہے کہ بنیادی سہولیات کی فراہمی کو یقینی بنایا جائے اور ترقیاتی منصوبوں پر عملدرآمد تیز کیا جائے۔ اجلاس میں تعلیم، صحت، پانی اور بجلی کی فراہمی سے متعلق امور پر تفصیلی غور کیا گیا اور اس بات پر زور دیا گیا کہ عوامی مفاد کے منصوبوں کو ترجیحی بنیادوں پر مکمل کیا جائے۔ مقررین نے کہا کہ صوبے کی ترقی اور خوشحالی کے لیے تمام سیاسی جماعتوں کو مل کر کام کرنا ہوگا۔ کوئٹہ بلوچستان کے مختلف علاقوں میں عوام کو درپیش مسائل کے حل کے لیے حکومت اور متعلقہ اداروں کو فوری اقدامات کرنے چاہییں۔ شہریوں نے مطالبہ کیا ہے کہ بنیادی سہولیات کی فراہمی کو یقینی بنایا جائے اور ترقیاتی منصوبوں پر عملدرآمد تیز کیا جائے۔ اجلاس میں تعلیم، صحت، پانی اور بجلی کی فراہمی سے متعلق امور پر تفصیلی غور کیا گیا اور اس بات پر زور دیا گیا کہ عوامی مفاد کے منصوبوں کو ترجیحی بنیادوں پر مکمل کیا جائے۔ مقررین نے کہا کہ صوبے کی ترقی اور خوشحالی کے لیے تمام سیاسی جماعتوں کو مل کر کام کرنا ہوگا۔
32	← آزادی
کوئٹہ بلوچستان کے مختلف علاقوں میں عوام کو درپیش مسائل کے حل کے لیے حکومت اور متعلقہ اداروں کو فوری اقدامات کرنے چاہییں۔ شہریوں نے مطالبہ کیا ہے کہ بنیادی سہولیات کی فراہمی کو یقینی بنایا جائے اور ترقیاتی منصوبوں پر عملدرآمد تیز کیا جائے۔ اجلاس میں تعلیم، صحت، پانی اور بجلی کی فراہمی سے متعلق امور پر تفصیلی غور کیا گیا اور اس بات پر زور دیا گیا کہ عوامی مفاد کے منصوبوں کو ترجیحی بنیادوں پر مکمل کیا جائے۔ مقررین نے کہا کہ صوبے کی ترقی اور خوشحالی کے لیے تمام سیاسی جماعتوں کو مل کر کام کرنا ہوگا۔ کوئٹہ بلوچستان کے مختلف علاقوں میں عوام کو درپیش مسائل کے حل کے لیے حکومت اور متعلقہ اداروں کو فوری اقدامات کرنے چاہییں۔ شہریوں نے مطالبہ کیا ہے کہ بنیادی سہولیات کی فراہمی کو یقینی بنایا جائے اور ترقیاتی منصوبوں پر عملدرآمد تیز کیا جائے۔ اجلاس میں تعلیم، صحت، پانی اور بجلی کی فراہمی سے متعلق امور پر تفصیلی غور کیا گیا اور اس بات پر زور دیا گیا کہ عوامی مفاد کے منصوبوں کو ترجیحی بنیادوں پر مکمل کیا جائے۔ مقررین نے کہا کہ صوبے کی ترقی اور خوشحالی کے لیے تمام سیاسی جماعتوں کو مل کر کام کرنا ہوگا۔
33	← آزادی
کوئٹہ بلوچستان کے مختلف علاقوں میں عوام کو درپیش مسائل کے حل کے لیے حکومت اور متعلقہ اداروں کو فوری اقدامات کرنے چاہییں۔ شہریوں نے مطالبہ کیا ہے کہ بنیادی سہولیات کی فراہمی کو یقینی بنایا جائے اور ترقیاتی منصوبوں پر عملدرآمد تیز کیا جائے۔ اجلاس میں تعلیم، صحت، پانی اور بجلی کی فراہمی سے متعلق امور پر تفصیلی غور کیا گیا اور اس بات پر زور دیا گیا کہ عوامی مفاد کے منصوبوں کو ترجیحی بنیادوں پر مکمل کیا جائے۔ مقررین نے کہا کہ صوبے کی ترقی اور خوشحالی کے لیے تمام سیاسی جماعتوں کو مل کر کام کرنا ہوگا۔ کوئٹہ بلوچستان کے مختلف علاقوں میں عوام کو درپیش مسائل کے حل کے لیے حکومت اور متعلقہ اداروں کو فوری اقدامات کرنے چاہییں۔ شہریوں نے مطالبہ کیا ہے کہ بنیادی سہولیات کی فراہمی کو یقینی بنایا جائے اور ترقیاتی منصوبوں پر عملدرآمد تیز کیا جائے۔ اجلاس میں تعلیم، صحت، پانی اور بجلی کی فراہمی سے متعلق امور پر تفصیلی غور کیا گیا اور اس بات پر زور دیا گیا کہ عوامی مفاد کے منصوبوں کو ترجیحی بنیادوں پر مکمل کیا جائے۔ مقررین نے کہا کہ صوبے کی ترقی اور خوشحالی کے لیے تمام سیاسی جماعتوں کو مل کر کام کرنا ہوگا۔
34	← آزادی
کوئٹہ بلوچستان کے مختلف علاقوں میں عوام کو درپیش مسائل کے حل کے لیے حکومت اور متعلقہ اداروں کو فوری اقدامات کرنے چاہییں۔ شہریوں نے مطالبہ کیا ہے کہ بنیادی سہولیات کی فراہمی کو یقینی بنایا جائے اور ترقیاتی منصوبوں پر عملدرآمد تیز کیا جائے۔ اجلاس میں تعلیم، صحت، پانی اور بجلی کی فراہمی سے متعلق امور پر تفصیلی غور کیا گیا اور اس بات پر زور دیا گیا کہ عوامی مفاد کے منصوبوں کو ترجیحی بنیادوں پر مکمل کیا جائے۔ مقررین نے کہا کہ صوبے کی ترقی اور خوشحالی کے لیے تمام سیاسی جماعتوں کو مل کر کام کرنا ہوگا۔ کوئٹہ بلوچستان کے مختلف علاقوں میں عوام کو درپیش مسائل کے حل کے لیے حکومت اور متعلقہ اداروں کو فوری اقدامات کرنے چاہییں۔ شہریوں نے مطالبہ کیا ہے کہ بنیادی سہولیات کی فراہمی کو یقینی بنایا جائے اور ترقیاتی منصوبوں پر عملدرآمد تیز کیا جائے۔ اجلاس میں تعلیم، صحت، پانی اور بجلی کی فراہمی سے متعلق امور پر تفصیلی غور کیا گیا اور اس بات پر زور دیا گیا کہ عوامی مفاد کے منصوبوں کو ترجیحی بنیادوں پر مکمل کیا جائے۔ مقررین نے کہا کہ صوبے کی ترقی اور خوشحالی کے لیے تمام سیاسی جماعتوں کو مل کر کام کرنا ہوگا۔
35	← آزادی
کوئٹہ بلوچستان کے مختلف علاقوں میں عوام کو درپیش مسائل کے حل کے لیے حکومت اور متعلقہ اداروں کو فوری اقدامات کرنے چاہییں۔ شہریوں نے مطالبہ کیا ہے کہ بنیادی سہولیات کی فراہمی کو یقینی بنایا جائے اور ترقیاتی منصوبوں پر عملدرآمد تیز کیا جائے۔ اجلاس میں تعلیم، صحت، پانی اور بجلی کی فراہمی سے متعلق امور پر تفصیلی غور کیا گیا اور اس بات پر زور دیا گیا کہ عوامی مفاد کے منصوبوں کو ترجیحی بنیادوں پر مکمل کیا جائے۔ مقررین نے کہا کہ صوبے کی ترقی اور خوشحالی کے لیے تمام سیاسی جماعتوں کو مل کر کام کرنا ہوگا۔ کوئٹہ بلوچستان کے مختلف علاقوں میں عوام کو درپیش مسائل کے حل کے لیے حکومت اور متعلقہ اداروں کو فوری اقدامات کرنے چاہییں۔ شہریوں نے مطالبہ کیا ہے کہ بنیادی سہولیات کی فراہمی کو یقینی بنایا جائے اور ترقیاتی منصوبوں پر عملدرآمد تیز کیا جائے۔ اجلاس میں تعلیم، صحت، پانی اور بجلی کی فراہمی سے متعلق امور پر تفصیلی غور کیا گیا اور اس بات پر زور دیا گیا کہ عوامی مفاد کے منصوبوں کو ترجیحی بنیادوں پر مکمل کیا جائے۔ مقررین نے کہا کہ صوبے کی ترقی اور خوشحالی کے لیے تمام سیاسی جماعتوں کو مل کر کام کرنا ہوگا۔
36	← آزادی
کوئٹہ بلوچستان کے مختلف علاقوں میں عوام کو درپیش مسائل کے حل کے لیے حکومت اور متعلقہ اداروں کو فوری اقدامات کرنے چاہییں۔ شہریوں نے مطالبہ کیا ہے کہ بنیادی سہولیات کی فراہمی کو یقینی بنایا جائے اور ترقیاتی منصوبوں پر عملدرآمد تیز کیا جائے۔ اجلاس میں تعلیم، صحت، پانی اور بجلی کی فراہمی سے متعلق امور پر تفصیلی غور کیا گیا اور اس بات پر زور دیا گیا کہ عوامی مفاد کے منصوبوں کو ترجیحی بنیادوں پر مکمل کیا جائے۔ مقررین نے کہا کہ صوبے کی ترقی اور خوشحالی کے لیے تمام سیاسی جماعتوں کو مل کر کام کرنا ہوگا۔ کوئٹہ بلوچستان کے مختلف علاقوں میں عوام کو درپیش مسائل کے حل کے لیے حکومت اور متعلقہ اداروں کو فوری اقدامات کرنے چاہییں۔ شہریوں نے مطالبہ کیا ہے کہ بنیادی سہولیات کی فراہمی کو یقینی بنایا جائے اور ترقیاتی منصوبوں پر عملدرآمد تیز کیا جائے۔ اجلاس میں تعلیم، صحت، پانی اور بجلی کی فراہمی سے متعلق امور پر تفصیلی غور کیا گیا اور اس بات پر زور دیا گیا کہ عوامی مفاد کے منصوبوں کو ترجیحی بنیادوں پر مکمل کیا جائے۔ مقررین نے کہا کہ صوبے کی ترقی اور خوشحالی کے لیے تمام سیاسی جماعتوں کو مل کر کام کرنا ہوگا۔
37	← آزادی
کوئٹہ بلوچستان کے مختلف علاقوں میں عوام کو درپیش مسائل کے حل کے لیے حکومت اور متعلقہ اداروں کو فوری اقدامات کرنے چاہییں۔ شہریوں نے مطالبہ کیا ہے کہ بنیادی سہولیات کی فراہمی کو یقینی بنایا جائے اور ترقیاتی منصوبوں پر عملدرآمد تیز کیا جائے۔ اجلاس میں تعلیم، صحت، پانی اور بجلی کی فراہمی سے متعلق امور پر تفصیلی غور کیا گیا اور اس بات پر زور دیا گیا کہ عوامی مفاد کے منصوبوں کو ترجیحی بنیادوں پر مکمل کیا جائے۔ مقررین نے کہا کہ صوبے کی ترقی اور خوشحالی کے لیے تمام سیاسی جماعتوں کو مل کر کام کرنا ہوگا۔ کوئٹہ بلوچستان کے مختلف علاقوں میں عوام کو درپیش مسائل کے حل کے لیے حکومت اور متعلقہ اداروں کو فوری اقدامات کرنے چاہییں۔ شہریوں نے مطالبہ کیا ہے کہ بنیادی سہولیات کی فراہمی کو یقینی بنایا جائے اور ترقیاتی منصوبوں پر عملدرآمد تیز کیا جائے۔ اجلاس میں تعلیم، صحت، پانی اور بجلی کی فراہمی سے متعلق امور پر تفصیلی غور کیا گیا اور اس بات پر زور دیا گیا کہ عوامی مفاد کے منصوبوں کو ترجیحی بنیادوں پر مکمل کیا جائے۔ مقررین نے کہا کہ صوبے کی ترقی اور خوشحالی کے لیے تمام سیاسی جماعتوں کو مل کر کام کرنا ہوگا۔
38	← آزادی
کوئٹہ بلوچستان کے مختلف علاقوں میں عوام کو درپیش مسائل کے حل کے لیے حکومت اور متعلقہ اداروں کو فوری اقدامات کرنے چاہییں۔ شہریوں نے مطالبہ کیا ہے کہ بنیادی سہولیات کی فراہمی کو یقینی بنایا جائے اور ترقیاتی منصوبوں پر عملدرآمد تیز کیا جائے۔ اجلاس میں تعلیم، صحت، پانی اور بجلی کی فراہمی سے متعلق امور پر تفصیلی غور کیا گیا اور اس بات پر زور دیا گیا کہ عوامی مفاد کے منصوبوں کو ترجیحی بنیادوں پر مکمل کیا جائے۔ مقررین نے کہا کہ صوبے کی ترقی اور خوشحالی کے لیے تمام سیاسی جماعتوں کو مل کر کام کرنا ہوگا۔ کوئٹہ بلوچستان کے مختلف علاقوں میں عوام کو درپیش مسائل کے حل کے لیے حکومت اور متعلقہ اداروں کو فوری اقدامات کرنے چاہییں۔ شہریوں نے مطالبہ کیا ہے کہ بنیادی سہولیات کی فراہمی کو یقینی بنایا جائے اور ترقیاتی منصوبوں پر عملدرآمد تیز کیا جائے۔ اجلاس میں تعلیم، صحت، پانی اور بجلی کی فراہمی سے متعلق امور پر تفصیلی غور کیا گیا اور اس بات پر زور دیا گیا کہ عوامی مفاد کے منصوبوں کو ترجیحی بنیادوں پر مکمل کیا جائے۔ مقررین نے کہا کہ صوبے کی ترقی اور خوشحالی کے لیے تمام سیاسی جماعتوں کو مل کر کام کرنا ہوگا۔
39	← آزادی
کوئٹہ بلوچستان کے مختلف علاقوں میں عوام کو درپیش مسائل کے حل کے لیے حکومت اور متعلقہ اداروں کو فوری اقدامات کرنے چاہییں۔ شہریوں نے مطالبہ کیا ہے کہ بنیادی سہولیات کی فراہمی کو یقینی بنایا جائے اور ترقیاتی منصوبوں پر عملدرآمد تیز کیا جائے۔ اجلاس میں تعلیم، صحت، پانی اور بجلی کی فراہمی سے متعلق امور پر تفصیلی غور کیا گیا اور اس بات پر زور دیا گیا کہ عوامی مفاد کے منصوبوں کو ترجیحی بنیادوں پر مکمل کیا جائے۔ مقررین نے کہا کہ صوبے کی ترقی اور خوشحالی کے لیے تمام سیاسی جماعتوں کو مل کر کام کرنا ہوگا۔ کوئٹہ بلوچستان کے مختلف علاقوں میں عوام کو درپیش مسائل کے حل کے لیے حکومت اور متعلقہ اداروں کو فوری اقدامات کرنے چاہییں۔ شہریوں نے مطالبہ کیا ہے کہ بنیادی سہولیات کی فراہمی کو یقینی بنایا جائے اور ترقیاتی منصوبوں پر عملدرآمد تیز کیا جائے۔ اجلاس میں تعلیم، صحت، پانی اور بجلی کی فراہمی سے متعلق امور پر تفصیلی غور کیا گیا اور اس بات پر زور دیا گیا کہ عوامی مفاد کے منصوبوں کو ترجیحی بنیادوں پر مکمل کیا جائے۔ مقررین نے کہا کہ صوبے کی ترقی اور خوشحالی کے لیے تمام سیاسی جماعتوں کو مل کر کام کرنا ہوگا۔ کوئٹہ بلوچستان کے مختلف علاقوں میں عوام کو درپیش مسائل کے حل کے لیے حکومت اور متعلقہ اداروں کو فوری اقدامات کرنے چاہییں۔ شہریوں نے مطالبہ کیا ہے کہ بنیادی سہولیات کی فراہمی کو یقینی بنایا جائے اور ترقیاتی منصوبوں پر عملدرآمد تیز کیا جائے۔ اجلاس میں تعلیم، صحت، پانی اور بجلی کی فراہمی سے متعلق امور پر تفصیلی غور کیا گیا اور اس بات پر زور دیا گیا کہ عوامی مفاد کے منصوبوں کو ترجیحی بنیادوں پر مکمل کیا جائے۔ مقررین نے کہا کہ صوبے کی ترقی اور خوشحالی کے لیے تمام سیاسی جماعتوں کو مل کر کام کرنا ہوگا۔
40	← آزادی
کوئٹہ بلوچستان کے مختلف علاقوں میں عوام کو درپیش مسائل کے حل کے لیے حکومت اور متعلقہ اداروں کو فوری اقدامات کرنے چاہییں۔ شہریوں نے مطالبہ کیا ہے کہ بنیادی سہولیات کی فراہمی کو یقینی بنایا جائے اور ترقیاتی منصوبوں پر عملدرآمد تیز کیا جائے۔ اجلاس میں تعلیم، صحت، پانی اور بجلی کی فراہمی سے متعلق امور پر تفصیلی غور کیا گیا اور اس بات پر زور دیا گیا کہ عوامی مفاد کے منصوبوں کو ترجیحی بنیادوں پر مکمل کیا جائے۔ مقررین نے کہا کہ صوبے کی ترقی اور خوشحالی کے لیے تمام سیاسی جماعتوں کو مل کر کام کرنا ہوگا۔ کوئٹہ بلوچستان کے مختلف علاقوں میں عوام کو درپیش مسائل کے حل کے لیے حکومت اور متعلقہ اداروں کو فوری اقدامات کرنے چاہییں۔ شہریوں نے مطالبہ کیا ہے کہ بنیادی سہولیات کی فراہمی کو یقینی بنایا جائے اور ترقیاتی منصوبوں پر عملدرآمد تیز کیا جائے۔ اجلاس میں تعلیم، صحت، پانی اور بجلی کی فراہمی سے متعلق امور پر تفصیلی غور کیا گیا اور اس بات پر زور دیا گیا کہ عوامی مفاد کے منصوبوں کو ترجیحی بنیادوں پر مکمل کیا جائے۔ مقررین نے کہا کہ صوبے کی ترقی اور خوشحالی کے لیے تمام سیاسی جماعتوں کو مل کر کام کرنا ہوگا۔ کوئٹہ بلوچستان کے مختلف علاقوں میں عوام کو درپیش مسائل کے حل کے لیے حکومت اور متعلقہ اداروں کو فوری اقدامات کرنے چاہییں۔ شہریوں نے مطالبہ کیا ہے کہ بنیادی سہولیات کی فراہمی کو یقینی بنایا جائے اور ترقیاتی منصوبوں پر عملدرآمد تیز کیا جائے۔ اجلاس میں تعلیم، صحت، پانی اور بجلی کی فراہمی سے متعلق امور پر تفصیلی غور کیا گیا اور اس بات پر زور دیا گیا کہ عوامی مفاد کے منصوبوں کو ترجیحی بنیادوں پر مکمل کیا جائے۔ مقررین نے کہا کہ صوبے کی ترقی اور خوشحالی کے لیے تمام سیاسی جماعتوں کو مل کر کام کرنا ہوگا۔
41	← آزادی
کوئٹہ بلوچستان کے مختلف علاقوں میں عوام کو درپیش مسائل کے حل کے لیے حکومت اور متعلقہ اداروں کو فوری اقدامات کرنے چاہییں۔ شہریوں نے مطالبہ کیا ہے کہ بنیادی سہولیات کی فراہمی کو یقینی بنایا جائے اور ترقیاتی منصوبوں پر عملدرآمد تیز کیا جائے۔ اجلاس میں تعلیم، صحت، پانی اور بجلی کی فراہمی سے متعلق امور پر تفصیلی غور کیا گیا اور اس بات پر زور دیا گیا کہ عوامی مفاد کے منصوبوں کو ترجیحی بنیادوں پر مکمل کیا جائے۔ مقررین نے کہا کہ صوبے کی ترقی اور خوشحالی کے لیے تمام سیاسی جماعتوں کو مل کر کام کرنا ہوگا۔ کوئٹہ بلوچستان کے مختلف علاقوں میں عوام کو درپیش مسائل کے حل کے لیے حکومت اور متعلقہ اداروں کو فوری اقدامات کرنے چاہییں۔ شہریوں نے مطالبہ کیا ہے کہ بنیادی سہولیات کی فراہمی کو یقینی بنایا جائے اور ترقیاتی منصوبوں پر عملدرآمد تیز کیا جائے۔ اجلاس میں تعلیم، صحت، پانی اور بجلی کی فراہمی سے متعلق امور پر تفصیلی غور کیا گیا اور اس بات پر زور دیا گیا کہ عوامی مفاد کے منصوبوں کو ترجیحی بنیادوں پر مکمل کیا جائے۔ مقررین نے کہا کہ صوبے کی ترقی اور خوشحالی کے لیے تمام سیاسی جماعتوں کو مل کر کام کرنا ہوگا۔ کوئٹہ بلوچستان کے مختلف علاقوں میں عوام کو درپیش مسائل کے حل کے لیے حکومت اور متعلقہ اداروں کو فوری اقدامات کرنے چاہییں۔ شہریوں نے مطالبہ کیا ہے کہ بنیادی سہولیات کی فراہمی کو یقینی بنایا جائے اور ترقیاتی منصوبوں پر عملدرآمد تیز کیا جائے۔ اجلاس میں تعلیم، صحت، پانی اور بجلی کی فراہمی سے متعلق امور پر تفصیلی غور کیا گیا اور اس بات پر زور دیا گیا کہ عوامی مفاد کے منصوبوں کو ترجیحی بنیادوں پر مکمل کیا جائے۔ مقررین نے کہا کہ صوبے کی ترقی اور خوشحالی کے لیے تمام سیاسی جماعتوں کو مل کر کام کرنا ہوگا۔
42	← آزادی
کوئٹہ بلوچستان کے مختلف علاقوں میں عوام کو درپیش مسائل کے حل کے لیے حکومت اور متعلقہ اداروں کو فوری اقدامات کرنے چاہییں۔ شہریوں نے مطالبہ کیا ہے کہ بنیادی سہولیات کی فراہمی کو یقینی بنایا جائے اور ترقیاتی منصوبوں پر عملدرآمد تیز کیا جائے۔ اجلاس میں تعلیم، صحت، پانی اور بجلی کی فراہمی سے متعلق امور پر تفصیلی غور کیا گیا اور اس بات پر زور دیا گیا کہ عوامی مفاد کے منصوبوں کو ترجیحی بنیادوں پر مکمل کیا جائے۔ مقررین نے کہا کہ صوبے کی ترقی اور خوشحالی کے لیے تمام سیاسی جماعتوں کو مل کر کام کرنا ہوگا۔ کوئٹہ بلوچستان کے مختلف علاقوں میں عوام کو درپیش مسائل کے حل کے لیے حکومت اور متعلقہ اداروں کو فوری اقدامات کرنے چاہییں۔ شہریوں نے مطالبہ کیا ہے کہ بنیادی سہولیات کی فراہمی کو یقینی بنایا جائے اور ترقیاتی منصوبوں پر عملدرآمد تیز کیا جائے۔ اجلاس میں تعلیم، صحت، پانی اور بجلی کی فراہمی سے متعلق امور پر تفصیلی غور کیا گیا اور اس بات پر زور دیا گیا کہ عوامی مفاد کے منصوبوں کو ترجیحی بنیادوں پر مکمل کیا جائے۔ مقررین نے کہا کہ صوبے کی ترقی اور خوشحالی کے لیے تمام سیاسی جماعتوں کو مل کر کام کرنا ہوگا۔ کوئٹہ بلوچستان کے مختلف علاقوں میں عوام کو درپیش مسائل کے حل کے لیے حکومت اور متعلقہ اداروں کو فوری اقدامات کرنے چاہییں۔ شہریوں نے مطالبہ کیا ہے کہ بنیادی سہولیات کی فراہمی کو یقینی بنایا جائے اور ترقیاتی منصوبوں پر عملدرآمد تیز کیا جائے۔ اجلاس میں تعلیم، صحت، پانی اور بجلی کی فراہمی سے متعلق امور پر تفصیلی غور کیا گیا اور اس بات پر زور دیا گیا کہ عوامی مفاد کے منصوبوں کو ترجیحی بنیادوں پر مکمل کیا جائے۔ مقررین نے کہا کہ صوبے کی ترقی اور خوشحالی کے لیے تمام سیاسی جماعتوں کو مل کر کام کرنا ہوگا۔
43	← آزادی
کوئٹہ بلوچستان کے مختلف علاقوں میں عوام کو درپیش مسائل کے حل کے لیے حکومت اور متعلقہ اداروں کو فوری اقدامات کرنے چاہییں۔ شہریوں نے مطالبہ کیا ہے کہ بنیادی سہولیات کی فراہمی کو یقینی بنایا جائے اور ترقیاتی منصوبوں پر عملدرآمد تیز کیا جائے۔ اجلاس میں تعلیم، صحت، پانی اور بجلی کی فراہمی سے متعلق امور پر تفصیلی غور کیا گیا اور اس بات پر زور دیا گیا کہ عوامی مفاد کے منصوبوں کو ترجیحی بنیادوں پر مکمل کیا جائے۔ مقررین نے کہا کہ صوبے کی ترقی اور خوشحالی کے لیے تمام سیاسی جماعتوں کو مل کر کام کرنا ہوگا۔ کوئٹہ بلوچستان کے مختلف علاقوں میں عوام کو درپیش مسائل کے حل کے لیے حکومت اور متعلقہ اداروں کو فوری اقدامات کرنے چاہییں۔ شہریوں نے مطالبہ کیا ہے کہ بنیادی سہولیات کی فراہمی کو یقینی بنایا جائے اور ترقیاتی منصوبوں پر عملدرآمد تیز کیا جائے۔ اجلاس میں تعلیم، صحت، پانی اور بجلی کی فراہمی سے متعلق امور پر تفصیلی غور کیا گیا اور اس بات پر زور دیا گیا کہ عوامی مفاد کے منصوبوں کو ترجیحی بنیادوں پر مکمل کیا جائے۔ مقررین نے کہا کہ صوبے کی ترقی اور خوشحالی کے لیے تمام سیاسی جماعتوں کو مل کر کام کرنا ہوگا۔ کوئٹہ بلوچستان کے مختلف علاقوں میں عوام کو درپیش مسائل کے حل کے لیے حکومت اور متعلقہ اداروں کو فوری اقدامات کرنے چاہییں۔ شہریوں نے مطالبہ کیا ہے کہ بنیادی سہولیات کی فراہمی کو یقینی بنایا جائے اور ترقیاتی منصوبوں پر عملدرآمد تیز کیا جائے۔ اجلاس میں تعلیم، صحت، پانی اور بجلی کی فراہمی سے متعلق امور پر تفصیلی غور کیا گیا اور اس بات پر زور دیا گیا کہ عوامی مفاد کے منصوبوں کو ترجیحی بنیادوں پر مکمل کیا جائے۔ مقررین نے کہا کہ صوبے کی ترقی اور خوشحالی کے لیے تمام سیاسی جماعتوں کو مل کر کام کرنا ہوگا۔
مختصر اشتہارات
تلاش گمشدہ
میرا قومی پاسپورٹ نمبر QSS166341 گم ہو گیا ہے جس کسی صاحب کو ملے تو مہربانی کر کے اس پتے پر پہنچا دیں۔
میرا قومی پاسپورٹ نمبر AA3077121 گم ہو گیا ہے جس کسی صاحب کو ملے تو مہربانی فرما کر اس پتے پر پہنچا دیں۔ پتہ: سنٹرل ماڈل سکول
عوام الناس مطلع رہیں کہ میرا اصل شناختی کارڈ نمبر 5440118652155 گم ہو گیا ہے۔ ملنے والا House No.F26 پر پہنچا دے۔
44	← آزادی
کوئٹہ بلوچستان کے مختلف علاقوں میں عوام کو درپیش مسائل کے حل کے لیے حکومت اور متعلقہ اداروں کو فوری اقدامات کرنے چاہییں۔ شہریوں نے مطالبہ کیا ہے کہ بنیادی سہولیات کی فراہمی کو یقینی بنایا جائے اور ترقیاتی منصوبوں پر عملدرآمد تیز کیا جائے۔ اجلاس میں تعلیم، صحت، پانی اور بجلی کی فراہمی سے متعلق امور پر تفصیلی غور کیا گیا اور اس بات پر زور دیا گیا کہ عوامی مفاد کے منصوبوں کو ترجیحی بنیادوں پر مکمل کیا جائے۔ مقررین نے کہا کہ صوبے کی ترقی اور خوشحالی کے لیے تمام سیاسی جماعتوں کو مل کر کام کرنا ہوگا۔ کوئٹہ بلوچستان کے مختلف علاقوں میں عوام کو درپیش مسائل کے حل کے لیے حکومت اور متعلقہ اداروں کو فوری اقدامات کرنے چاہییں۔ شہریوں نے مطالبہ کیا ہے کہ بنیادی سہولیات کی فراہمی کو یقینی بنایا جائے اور ترقیاتی منصوبوں پر عملدرآمد تیز کیا جائے۔ اجلاس میں تعلیم، صحت، پانی اور بجلی کی فراہمی سے متعلق امور پر تفصیلی غور کیا گیا اور اس بات پر زور دیا گیا کہ عوامی مفاد کے منصوبوں کو ترجیحی بنیادوں پر مکمل کیا جائے۔ مقررین نے کہا کہ صوبے کی ترقی اور خوشحالی کے لیے تمام سیاسی جماعتوں کو مل کر کام کرنا ہوگا۔ کوئٹہ بلوچستان کے مختلف علاقوں میں عوام کو درپیش مسائل کے حل کے لیے حکومت اور متعلقہ اداروں کو فوری اقدامات کرنے چاہییں۔ شہریوں نے مطالبہ کیا ہے کہ بنیادی سہولیات کی فراہمی کو یقینی بنایا جائے اور ترقیاتی منصوبوں پر عملدرآمد تیز کیا جائے۔ اجلاس میں تعلیم، صحت، پانی اور بجلی کی فراہمی سے متعلق امور پر تفصیلی غور کیا گیا اور اس بات پر زور دیا گیا کہ عوامی مفاد کے منصوبوں کو ترجیحی بنیادوں پر مکمل کیا جائے۔ مقررین نے کہا کہ صوبے کی ترقی اور خوشحالی کے لیے تمام سیاسی جماعتوں کو مل کر کام کرنا ہوگا۔
45	← آزادی
کوئٹہ بلوچستان کے مختلف علاقوں میں عوام کو درپیش مسائل کے حل کے لیے حکومت اور متعلقہ اداروں کو فوری اقدامات کرنے چاہییں۔ شہریوں نے مطالبہ کیا ہے کہ بنیادی سہولیات کی فراہمی کو یقینی بنایا جائے اور ترقیاتی منصوبوں پر عملدرآمد تیز کیا جائے۔ اجلاس میں تعلیم، صحت، پانی اور بجلی کی فراہمی سے متعلق امور پر تفصیلی غور کیا گیا اور اس بات پر زور دیا گیا کہ عوامی مفاد کے منصوبوں کو ترجیحی بنیادوں پر مکمل کیا جائے۔ مقررین نے کہا کہ صوبے کی ترقی اور خوشحالی کے لیے تمام سیاسی جماعتوں کو مل کر کام کرنا ہوگا۔ کوئٹہ بلوچستان کے مختلف علاقوں میں عوام کو درپیش مسائل کے حل کے لیے حکومت اور متعلقہ اداروں کو فوری اقدامات کرنے چاہییں۔ شہریوں نے مطالبہ کیا ہے کہ بنیادی سہولیات کی فراہمی کو یقینی بنایا جائے اور ترقیاتی منصوبوں پر عملدرآمد تیز کیا جائے۔ اجلاس میں تعلیم، صحت، پانی اور بجلی کی فراہمی سے متعلق امور پر تفصیلی غور کیا گیا اور اس بات پر زور دیا گیا کہ عوامی مفاد کے منصوبوں کو ترجیحی بنیادوں پر مکمل کیا جائے۔ مقررین نے کہا کہ صوبے کی ترقی اور خوشحالی کے لیے تمام سیاسی جماعتوں کو مل کر کام کرنا ہوگا۔ کوئٹہ بلوچستان کے مختلف علاقوں میں عوام کو درپیش مسائل کے حل کے لیے حکومت اور متعلقہ اداروں کو فوری اقدامات کرنے چاہییں۔ شہریوں نے مطالبہ کیا ہے کہ بنیادی سہولیات کی فراہمی کو یقینی بنایا جائے اور ترقیاتی منصوبوں پر عملدرآمد تیز کیا جائے۔ اجلاس میں تعلیم، صحت، پانی اور بجلی کی فراہمی سے متعلق امور پر تفصیلی غور کیا گیا اور اس بات پر زور دیا گیا کہ عوامی مفاد کے منصوبوں کو ترجیحی بنیادوں پر مکمل کیا جائے۔ مقررین نے کہا کہ صوبے کی ترقی اور خوشحالی کے لیے تمام سیاسی جماعتوں کو مل کر کام کرنا ہوگا۔
46	← آزادی
کوئٹہ بلوچستان کے مختلف علاقوں میں عوام کو درپیش مسائل کے حل کے لیے حکومت اور متعلقہ اداروں کو فوری اقدامات کرنے چاہییں۔ شہریوں نے مطالبہ کیا ہے کہ بنیادی سہولیات کی فراہمی کو یقینی بنایا جائے اور ترقیاتی منصوبوں پر عملدرآمد تیز کیا جائے۔ اجلاس میں تعلیم، صحت، پانی اور بجلی کی فراہمی سے متعلق امور پر تفصیلی غور کیا گیا اور اس بات پر زور دیا گیا کہ عوامی مفاد کے منصوبوں کو ترجیحی بنیادوں پر مکمل کیا جائے۔ مقررین نے کہا کہ صوبے کی ترقی اور خوشحالی کے لیے تمام سیاسی جماعتوں کو مل کر کام کرنا ہوگا۔ کوئٹہ بلوچستان کے مختلف علاقوں میں عوام کو درپیش مسائل کے حل کے لیے حکومت اور متعلقہ اداروں کو فوری اقدامات کرنے چاہییں۔ شہریوں نے مطالبہ کیا ہے کہ بنیادی سہولیات کی فراہمی کو یقینی بنایا جائے اور ترقیاتی منصوبوں پر عملدرآمد تیز کیا جائے۔ اجلاس میں تعلیم، صحت، پانی اور بجلی کی فراہمی سے متعلق امور پر تفصیلی غور کیا گیا اور اس بات پر زور دیا گیا کہ عوامی مفاد کے منصوبوں کو ترجیحی بنیادوں پر مکمل کیا جائے۔ مقررین نے کہا کہ صوبے کی ترقی اور خوشحالی کے لیے تمام سیاسی جماعتوں کو مل کر کام کرنا ہوگا۔ کوئٹہ بلوچستان کے مختلف علاقوں میں عوام کو درپیش مسائل کے حل کے لیے حکومت اور متعلقہ اداروں کو فوری اقدامات کرنے چاہییں۔ شہریوں نے مطالبہ کیا ہے کہ بنیادی سہولیات کی فراہمی کو یقینی بنایا جائے اور ترقیاتی منصوبوں پر عملدرآمد تیز کیا جائے۔ اجلاس میں تعلیم، صحت، پانی اور بجلی کی فراہمی سے متعلق امور پر تفصیلی غور کیا گیا اور اس بات پر زور دیا گیا کہ عوامی مفاد کے منصوبوں کو ترجیحی بنیادوں پر مکمل کیا جائے۔ مقررین نے کہا کہ صوبے کی ترقی اور خوشحالی کے لیے تمام سیاسی جماعتوں کو مل کر کام کرنا ہوگا۔
47	← آزادی
کوئٹہ بلوچستان کے مختلف علاقوں میں عوام کو درپیش مسائل کے حل کے لیے حکومت اور متعلقہ اداروں کو فوری اقدامات کرنے چاہییں۔ شہریوں نے مطالبہ کیا ہے کہ بنیادی سہولیات کی فراہمی کو یقینی بنایا جائے اور ترقیاتی منصوبوں پر عملدرآمد تیز کیا جائے۔ اجلاس میں تعلیم، صحت، پانی اور بجلی کی فراہمی سے متعلق امور پر تفصیلی غور کیا گیا اور اس بات پر زور دیا گیا کہ عوامی مفاد کے منصوبوں کو ترجیحی بنیادوں پر مکمل کیا جائے۔ مقررین نے کہا کہ صوبے کی ترقی اور خوشحالی کے لیے تمام سیاسی جماعتوں کو مل کر کام کرنا ہوگا۔ کوئٹہ بلوچستان کے مختلف علاقوں میں عوام کو درپیش مسائل کے حل کے لیے حکومت اور متعلقہ اداروں کو فوری اقدامات کرنے چاہییں۔ شہریوں نے مطالبہ کیا ہے کہ بنیادی سہولیات کی فراہمی کو یقینی بنایا جائے اور ترقیاتی منصوبوں پر عملدرآمد تیز کیا جائے۔ اجلاس میں تعلیم، صحت، پانی اور بجلی کی فراہمی سے متعلق امور پر تفصیلی غور کیا گیا اور اس بات پر زور دیا گیا کہ عوامی مفاد کے منصوبوں کو ترجیحی بنیادوں پر مکمل کیا جائے۔ مقررین نے کہا کہ صوبے کی ترقی اور خوشحالی کے لیے تمام سیاسی جماعتوں کو مل کر کام کرنا ہوگا۔ کوئٹہ بلوچستان کے مختلف علاقوں میں عوام کو درپیش مسائل کے حل کے لیے حکومت اور متعلقہ اداروں کو فوری اقدامات کرنے چاہییں۔ شہریوں نے مطالبہ کیا ہے کہ بنیادی سہولیات کی فراہمی کو یقینی بنایا جائے اور ترقیاتی منصوبوں پر عملدرآمد تیز کیا جائے۔ اجلاس میں تعلیم، صحت، پانی اور بجلی کی فراہمی سے متعلق امور پر تفصیلی غور کیا گیا اور اس بات پر زور دیا گیا کہ عوامی مفاد کے منصوبوں کو ترجیحی بنیادوں پر مکمل کیا جائے۔ مقررین نے کہا کہ صوبے کی ترقی اور خوشحالی کے لیے تمام سیاسی جماعتوں کو مل کر کام کرنا ہوگا۔
48	← آزادی
کوئٹہ بلوچستان کے مختلف علاقوں میں عوام کو درپیش مسائل کے حل کے لیے حکومت اور متعلقہ اداروں کو فوری اقدامات کرنے چاہییں۔ شہریوں نے مطالبہ کیا ہے کہ بنیادی سہولیات کی فراہمی کو یقینی بنایا جائے اور ترقیاتی منصوبوں پر عملدرآمد تیز کیا جائے۔ اجلاس میں تعلیم، صحت، پانی اور بجلی کی فراہمی سے متعلق امور پر تفصیلی غور کیا گیا اور اس بات پر زور دیا گیا کہ عوامی مفاد کے منصوبوں کو ترجیحی بنیادوں پر مکمل کیا جائے۔ مقررین نے کہا کہ صوبے کی ترقی اور خوشحالی کے لیے تمام سیاسی جماعتوں کو مل کر کام کرنا ہوگا۔ کوئٹہ بلوچستان کے مختلف علاقوں میں عوام کو درپیش مسائل کے حل کے لیے حکومت اور متعلقہ اداروں کو فوری اقدامات کرنے چاہییں۔ شہریوں نے مطالبہ کیا ہے کہ بنیادی سہولیات کی فراہمی کو یقینی بنایا جائے اور ترقیاتی منصوبوں پر عملدرآمد تیز کیا جائے۔ اجلاس میں تعلیم، صحت، پانی اور بجلی کی فراہمی سے متعلق امور پر تفصیلی غور کیا گیا اور اس بات پر زور دیا گیا کہ عوامی مفاد کے منصوبوں کو ترجیحی بنیادوں پر مکمل کیا جائے۔ مقررین نے کہا کہ صوبے کی ترقی اور خوشحالی کے لیے تمام سیاسی جماعتوں کو مل کر کام کرنا ہوگا۔ کوئٹہ بلوچستان کے مختلف علاقوں میں عوام کو درپیش مسائل کے حل کے لیے حکومت اور متعلقہ اداروں کو فوری اقدامات کرنے چاہییں۔ شہریوں نے مطالبہ کیا ہے کہ بنیادی سہولیات کی فراہمی کو یقینی بنایا جائے اور ترقیاتی منصوبوں پر عملدرآمد تیز کیا جائے۔ اجلاس میں تعلیم، صحت، پانی اور بجلی کی فراہمی سے متعلق امور پر تفصیلی غور کیا گیا اور اس بات پر زور دیا گیا کہ عوامی مفاد کے منصوبوں کو ترجیحی بنیادوں پر مکمل کیا جائے۔ مقررین نے کہا کہ صوبے کی ترقی اور خوشحالی کے لیے تمام سیاسی جماعتوں کو مل کر کام کرنا ہوگا۔
